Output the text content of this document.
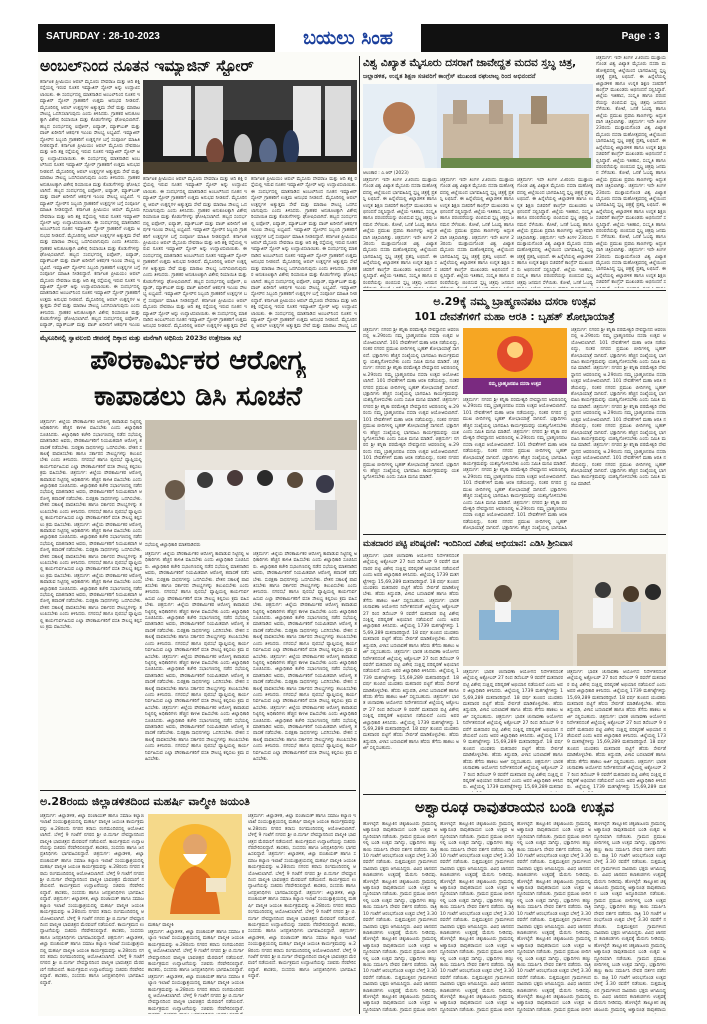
SATURDAY : 28-10-2023	ಬಯಲು ಸಿಂಹ	Page : 3
ಅಂಬಲ್‌ನಿಂದ ನೂತನ ಇಮ್ಯಾಜಿನ್ ಸ್ಟೋರ್
ಕರ್ನಾಟಕ ಪ್ರೀಮಿಯಂ ಆಪಲ್ ಮೈಸೂರು ದೇವರಾಜ ಮತ್ತು ಆದಿ ಶಕ್ತಿ ರಸ್ತೆಯಲ್ಲಿ ಇರುವ ನೂತನ ಇಮ್ಯಾಜಿನ್ ಸ್ಟೋರ್ ಅನ್ನು ಉದ್ಘಾಟಿಸಲಾಯಿತು. ಈ ಸಂದರ್ಭದಲ್ಲಿ ಮಾತನಾಡಿದ ಅಂಬಲ್‌ನಿಂದ ನೂತನ ಇಮ್ಯಾಜಿನ್ ಸ್ಟೋರ್ ಗ್ರಾಹಕರಿಗೆ ಉತ್ತಮ ಅನುಭವ ನೀಡಲಿದೆ. ಮೈಸೂರಿನಲ್ಲಿ ಆಪಲ್ ಉತ್ಪನ್ನಗಳ ಅತ್ಯುತ್ತಮ ಸೇವೆ ಮತ್ತು ಮಾರಾಟ ಸೌಲಭ್ಯ ಒದಗಿಸಲಾಗುವುದು ಎಂದು ತಿಳಿಸಿದರು. ಗ್ರಾಹಕರ ಅನುಕೂಲಕ್ಕಾಗಿ ವಿಶೇಷ ರಿಯಾಯಿತಿ ಮತ್ತು ಕೊಡುಗೆಗಳನ್ನು ಘೋಷಿಸಲಾಗಿದೆ. ಹಬ್ಬದ ಸಂದರ್ಭದಲ್ಲಿ ಐಫೋನ್, ಐಪ್ಯಾಡ್, ಮ್ಯಾಕ್‌ಬುಕ್ ಮತ್ತು ವಾಚ್ ಖರೀದಿಗೆ ಆಕರ್ಷಕ ಇಎಂಐ ಸೌಲಭ್ಯ ಲಭ್ಯವಿದೆ. ಇಮ್ಯಾಜಿನ್ ಸ್ಟೋರ್‌ನ ಸಿಬ್ಬಂದಿ ಗ್ರಾಹಕರಿಗೆ ಉತ್ಪನ್ನಗಳ ಬಗ್ಗೆ ಸಂಪೂರ್ಣ ಮಾಹಿತಿ ನೀಡಲಿದ್ದಾರೆ. ಕರ್ನಾಟಕ ಪ್ರೀಮಿಯಂ ಆಪಲ್ ಮೈಸೂರು ದೇವರಾಜ ಮತ್ತು ಆದಿ ಶಕ್ತಿ ರಸ್ತೆಯಲ್ಲಿ ಇರುವ ನೂತನ ಇಮ್ಯಾಜಿನ್ ಸ್ಟೋರ್ ಅನ್ನು ಉದ್ಘಾಟಿಸಲಾಯಿತು. ಈ ಸಂದರ್ಭದಲ್ಲಿ ಮಾತನಾಡಿದ ಅಂಬಲ್‌ನಿಂದ ನೂತನ ಇಮ್ಯಾಜಿನ್ ಸ್ಟೋರ್ ಗ್ರಾಹಕರಿಗೆ ಉತ್ತಮ ಅನುಭವ ನೀಡಲಿದೆ. ಮೈಸೂರಿನಲ್ಲಿ ಆಪಲ್ ಉತ್ಪನ್ನಗಳ ಅತ್ಯುತ್ತಮ ಸೇವೆ ಮತ್ತು ಮಾರಾಟ ಸೌಲಭ್ಯ ಒದಗಿಸಲಾಗುವುದು ಎಂದು ತಿಳಿಸಿದರು. ಗ್ರಾಹಕರ ಅನುಕೂಲಕ್ಕಾಗಿ ವಿಶೇಷ ರಿಯಾಯಿತಿ ಮತ್ತು ಕೊಡುಗೆಗಳನ್ನು ಘೋಷಿಸಲಾಗಿದೆ. ಹಬ್ಬದ ಸಂದರ್ಭದಲ್ಲಿ ಐಫೋನ್, ಐಪ್ಯಾಡ್, ಮ್ಯಾಕ್‌ಬುಕ್ ಮತ್ತು ವಾಚ್ ಖರೀದಿಗೆ ಆಕರ್ಷಕ ಇಎಂಐ ಸೌಲಭ್ಯ ಲಭ್ಯವಿದೆ. ಇಮ್ಯಾಜಿನ್ ಸ್ಟೋರ್‌ನ ಸಿಬ್ಬಂದಿ ಗ್ರಾಹಕರಿಗೆ ಉತ್ಪನ್ನಗಳ ಬಗ್ಗೆ ಸಂಪೂರ್ಣ ಮಾಹಿತಿ ನೀಡಲಿದ್ದಾರೆ. ಕರ್ನಾಟಕ ಪ್ರೀಮಿಯಂ ಆಪಲ್ ಮೈಸೂರು ದೇವರಾಜ ಮತ್ತು ಆದಿ ಶಕ್ತಿ ರಸ್ತೆಯಲ್ಲಿ ಇರುವ ನೂತನ ಇಮ್ಯಾಜಿನ್ ಸ್ಟೋರ್ ಅನ್ನು ಉದ್ಘಾಟಿಸಲಾಯಿತು. ಈ ಸಂದರ್ಭದಲ್ಲಿ ಮಾತನಾಡಿದ ಅಂಬಲ್‌ನಿಂದ ನೂತನ ಇಮ್ಯಾಜಿನ್ ಸ್ಟೋರ್ ಗ್ರಾಹಕರಿಗೆ ಉತ್ತಮ ಅನುಭವ ನೀಡಲಿದೆ. ಮೈಸೂರಿನಲ್ಲಿ ಆಪಲ್ ಉತ್ಪನ್ನಗಳ ಅತ್ಯುತ್ತಮ ಸೇವೆ ಮತ್ತು ಮಾರಾಟ ಸೌಲಭ್ಯ ಒದಗಿಸಲಾಗುವುದು ಎಂದು ತಿಳಿಸಿದರು. ಗ್ರಾಹಕರ ಅನುಕೂಲಕ್ಕಾಗಿ ವಿಶೇಷ ರಿಯಾಯಿತಿ ಮತ್ತು ಕೊಡುಗೆಗಳನ್ನು ಘೋಷಿಸಲಾಗಿದೆ. ಹಬ್ಬದ ಸಂದರ್ಭದಲ್ಲಿ ಐಫೋನ್, ಐಪ್ಯಾಡ್, ಮ್ಯಾಕ್‌ಬುಕ್ ಮತ್ತು ವಾಚ್ ಖರೀದಿಗೆ ಆಕರ್ಷಕ ಇಎಂಐ ಸೌಲಭ್ಯ ಲಭ್ಯವಿದೆ. ಇಮ್ಯಾಜಿನ್ ಸ್ಟೋರ್‌ನ ಸಿಬ್ಬಂದಿ ಗ್ರಾಹಕರಿಗೆ ಉತ್ಪನ್ನಗಳ ಬಗ್ಗೆ ಸಂಪೂರ್ಣ ಮಾಹಿತಿ ನೀಡಲಿದ್ದಾರೆ. ಕರ್ನಾಟಕ ಪ್ರೀಮಿಯಂ ಆಪಲ್ ಮೈಸೂರು ದೇವರಾಜ ಮತ್ತು ಆದಿ ಶಕ್ತಿ ರಸ್ತೆಯಲ್ಲಿ ಇರುವ ನೂತನ ಇಮ್ಯಾಜಿನ್ ಸ್ಟೋರ್ ಅನ್ನು ಉದ್ಘಾಟಿಸಲಾಯಿತು. ಈ ಸಂದರ್ಭದಲ್ಲಿ ಮಾತನಾಡಿದ ಅಂಬಲ್‌ನಿಂದ ನೂತನ ಇಮ್ಯಾಜಿನ್ ಸ್ಟೋರ್ ಗ್ರಾಹಕರಿಗೆ ಉತ್ತಮ ಅನುಭವ ನೀಡಲಿದೆ. ಮೈಸೂರಿನಲ್ಲಿ ಆಪಲ್ ಉತ್ಪನ್ನಗಳ ಅತ್ಯುತ್ತಮ ಸೇವೆ ಮತ್ತು ಮಾರಾಟ ಸೌಲಭ್ಯ ಒದಗಿಸಲಾಗುವುದು ಎಂದು ತಿಳಿಸಿದರು. ಗ್ರಾಹಕರ ಅನುಕೂಲಕ್ಕಾಗಿ ವಿಶೇಷ ರಿಯಾಯಿತಿ ಮತ್ತು ಕೊಡುಗೆಗಳನ್ನು ಘೋಷಿಸಲಾಗಿದೆ. ಹಬ್ಬದ ಸಂದರ್ಭದಲ್ಲಿ ಐಫೋನ್, ಐಪ್ಯಾಡ್, ಮ್ಯಾಕ್‌ಬುಕ್ ಮತ್ತು ವಾಚ್ ಖರೀದಿಗೆ ಆಕರ್ಷಕ ಇಎಂಐ
ಕರ್ನಾಟಕ ಪ್ರೀಮಿಯಂ ಆಪಲ್ ಮೈಸೂರು ದೇವರಾಜ ಮತ್ತು ಆದಿ ಶಕ್ತಿ ರಸ್ತೆಯಲ್ಲಿ ಇರುವ ನೂತನ ಇಮ್ಯಾಜಿನ್ ಸ್ಟೋರ್ ಅನ್ನು ಉದ್ಘಾಟಿಸಲಾಯಿತು. ಈ ಸಂದರ್ಭದಲ್ಲಿ ಮಾತನಾಡಿದ ಅಂಬಲ್‌ನಿಂದ ನೂತನ ಇಮ್ಯಾಜಿನ್ ಸ್ಟೋರ್ ಗ್ರಾಹಕರಿಗೆ ಉತ್ತಮ ಅನುಭವ ನೀಡಲಿದೆ. ಮೈಸೂರಿನಲ್ಲಿ ಆಪಲ್ ಉತ್ಪನ್ನಗಳ ಅತ್ಯುತ್ತಮ ಸೇವೆ ಮತ್ತು ಮಾರಾಟ ಸೌಲಭ್ಯ ಒದಗಿಸಲಾಗುವುದು ಎಂದು ತಿಳಿಸಿದರು. ಗ್ರಾಹಕರ ಅನುಕೂಲಕ್ಕಾಗಿ ವಿಶೇಷ ರಿಯಾಯಿತಿ ಮತ್ತು ಕೊಡುಗೆಗಳನ್ನು ಘೋಷಿಸಲಾಗಿದೆ. ಹಬ್ಬದ ಸಂದರ್ಭದಲ್ಲಿ ಐಫೋನ್, ಐಪ್ಯಾಡ್, ಮ್ಯಾಕ್‌ಬುಕ್ ಮತ್ತು ವಾಚ್ ಖರೀದಿಗೆ ಆಕರ್ಷಕ ಇಎಂಐ ಸೌಲಭ್ಯ ಲಭ್ಯವಿದೆ. ಇಮ್ಯಾಜಿನ್ ಸ್ಟೋರ್‌ನ ಸಿಬ್ಬಂದಿ ಗ್ರಾಹಕರಿಗೆ ಉತ್ಪನ್ನಗಳ ಬಗ್ಗೆ ಸಂಪೂರ್ಣ ಮಾಹಿತಿ ನೀಡಲಿದ್ದಾರೆ. ಕರ್ನಾಟಕ ಪ್ರೀಮಿಯಂ ಆಪಲ್ ಮೈಸೂರು ದೇವರಾಜ ಮತ್ತು ಆದಿ ಶಕ್ತಿ ರಸ್ತೆಯಲ್ಲಿ ಇರುವ ನೂತನ ಇಮ್ಯಾಜಿನ್ ಸ್ಟೋರ್ ಅನ್ನು ಉದ್ಘಾಟಿಸಲಾಯಿತು. ಈ ಸಂದರ್ಭದಲ್ಲಿ ಮಾತನಾಡಿದ ಅಂಬಲ್‌ನಿಂದ ನೂತನ ಇಮ್ಯಾಜಿನ್ ಸ್ಟೋರ್ ಗ್ರಾಹಕರಿಗೆ ಉತ್ತಮ ಅನುಭವ ನೀಡಲಿದೆ. ಮೈಸೂರಿನಲ್ಲಿ ಆಪಲ್ ಉತ್ಪನ್ನಗಳ ಅತ್ಯುತ್ತಮ ಸೇವೆ ಮತ್ತು ಮಾರಾಟ ಸೌಲಭ್ಯ ಒದಗಿಸಲಾಗುವುದು ಎಂದು ತಿಳಿಸಿದರು. ಗ್ರಾಹಕರ ಅನುಕೂಲಕ್ಕಾಗಿ ವಿಶೇಷ ರಿಯಾಯಿತಿ ಮತ್ತು ಕೊಡುಗೆಗಳನ್ನು ಘೋಷಿಸಲಾಗಿದೆ. ಹಬ್ಬದ ಸಂದರ್ಭದಲ್ಲಿ ಐಫೋನ್, ಐಪ್ಯಾಡ್, ಮ್ಯಾಕ್‌ಬುಕ್ ಮತ್ತು ವಾಚ್ ಖರೀದಿಗೆ ಆಕರ್ಷಕ ಇಎಂಐ ಸೌಲಭ್ಯ ಲಭ್ಯವಿದೆ. ಇಮ್ಯಾಜಿನ್ ಸ್ಟೋರ್‌ನ ಸಿಬ್ಬಂದಿ ಗ್ರಾಹಕರಿಗೆ ಉತ್ಪನ್ನಗಳ ಬಗ್ಗೆ ಸಂಪೂರ್ಣ ಮಾಹಿತಿ ನೀಡಲಿದ್ದಾರೆ. ಕರ್ನಾಟಕ ಪ್ರೀಮಿಯಂ ಆಪಲ್ ಮೈಸೂರು ದೇವರಾಜ ಮತ್ತು ಆದಿ ಶಕ್ತಿ ರಸ್ತೆಯಲ್ಲಿ ಇರುವ ನೂತನ ಇಮ್ಯಾಜಿನ್ ಸ್ಟೋರ್ ಅನ್ನು ಉದ್ಘಾಟಿಸಲಾಯಿತು. ಈ ಸಂದರ್ಭದಲ್ಲಿ ಮಾತನಾಡಿದ ಅಂಬಲ್‌ನಿಂದ ನೂತನ ಇಮ್ಯಾಜಿನ್ ಸ್ಟೋರ್ ಗ್ರಾಹಕರಿಗೆ ಉತ್ತಮ ಅನುಭವ ನೀಡಲಿದೆ. ಮೈಸೂರಿನಲ್ಲಿ ಆಪಲ್ ಉತ್ಪನ್ನಗಳ ಅತ್ಯುತ್ತಮ ಸೇವೆ
ಕರ್ನಾಟಕ ಪ್ರೀಮಿಯಂ ಆಪಲ್ ಮೈಸೂರು ದೇವರಾಜ ಮತ್ತು ಆದಿ ಶಕ್ತಿ ರಸ್ತೆಯಲ್ಲಿ ಇರುವ ನೂತನ ಇಮ್ಯಾಜಿನ್ ಸ್ಟೋರ್ ಅನ್ನು ಉದ್ಘಾಟಿಸಲಾಯಿತು. ಈ ಸಂದರ್ಭದಲ್ಲಿ ಮಾತನಾಡಿದ ಅಂಬಲ್‌ನಿಂದ ನೂತನ ಇಮ್ಯಾಜಿನ್ ಸ್ಟೋರ್ ಗ್ರಾಹಕರಿಗೆ ಉತ್ತಮ ಅನುಭವ ನೀಡಲಿದೆ. ಮೈಸೂರಿನಲ್ಲಿ ಆಪಲ್ ಉತ್ಪನ್ನಗಳ ಅತ್ಯುತ್ತಮ ಸೇವೆ ಮತ್ತು ಮಾರಾಟ ಸೌಲಭ್ಯ ಒದಗಿಸಲಾಗುವುದು ಎಂದು ತಿಳಿಸಿದರು. ಗ್ರಾಹಕರ ಅನುಕೂಲಕ್ಕಾಗಿ ವಿಶೇಷ ರಿಯಾಯಿತಿ ಮತ್ತು ಕೊಡುಗೆಗಳನ್ನು ಘೋಷಿಸಲಾಗಿದೆ. ಹಬ್ಬದ ಸಂದರ್ಭದಲ್ಲಿ ಐಫೋನ್, ಐಪ್ಯಾಡ್, ಮ್ಯಾಕ್‌ಬುಕ್ ಮತ್ತು ವಾಚ್ ಖರೀದಿಗೆ ಆಕರ್ಷಕ ಇಎಂಐ ಸೌಲಭ್ಯ ಲಭ್ಯವಿದೆ. ಇಮ್ಯಾಜಿನ್ ಸ್ಟೋರ್‌ನ ಸಿಬ್ಬಂದಿ ಗ್ರಾಹಕರಿಗೆ ಉತ್ಪನ್ನಗಳ ಬಗ್ಗೆ ಸಂಪೂರ್ಣ ಮಾಹಿತಿ ನೀಡಲಿದ್ದಾರೆ. ಕರ್ನಾಟಕ ಪ್ರೀಮಿಯಂ ಆಪಲ್ ಮೈಸೂರು ದೇವರಾಜ ಮತ್ತು ಆದಿ ಶಕ್ತಿ ರಸ್ತೆಯಲ್ಲಿ ಇರುವ ನೂತನ ಇಮ್ಯಾಜಿನ್ ಸ್ಟೋರ್ ಅನ್ನು ಉದ್ಘಾಟಿಸಲಾಯಿತು. ಈ ಸಂದರ್ಭದಲ್ಲಿ ಮಾತನಾಡಿದ ಅಂಬಲ್‌ನಿಂದ ನೂತನ ಇಮ್ಯಾಜಿನ್ ಸ್ಟೋರ್ ಗ್ರಾಹಕರಿಗೆ ಉತ್ತಮ ಅನುಭವ ನೀಡಲಿದೆ. ಮೈಸೂರಿನಲ್ಲಿ ಆಪಲ್ ಉತ್ಪನ್ನಗಳ ಅತ್ಯುತ್ತಮ ಸೇವೆ ಮತ್ತು ಮಾರಾಟ ಸೌಲಭ್ಯ ಒದಗಿಸಲಾಗುವುದು ಎಂದು ತಿಳಿಸಿದರು. ಗ್ರಾಹಕರ ಅನುಕೂಲಕ್ಕಾಗಿ ವಿಶೇಷ ರಿಯಾಯಿತಿ ಮತ್ತು ಕೊಡುಗೆಗಳನ್ನು ಘೋಷಿಸಲಾಗಿದೆ. ಹಬ್ಬದ ಸಂದರ್ಭದಲ್ಲಿ ಐಫೋನ್, ಐಪ್ಯಾಡ್, ಮ್ಯಾಕ್‌ಬುಕ್ ಮತ್ತು ವಾಚ್ ಖರೀದಿಗೆ ಆಕರ್ಷಕ ಇಎಂಐ ಸೌಲಭ್ಯ ಲಭ್ಯವಿದೆ. ಇಮ್ಯಾಜಿನ್ ಸ್ಟೋರ್‌ನ ಸಿಬ್ಬಂದಿ ಗ್ರಾಹಕರಿಗೆ ಉತ್ಪನ್ನಗಳ ಬಗ್ಗೆ ಸಂಪೂರ್ಣ ಮಾಹಿತಿ ನೀಡಲಿದ್ದಾರೆ. ಕರ್ನಾಟಕ ಪ್ರೀಮಿಯಂ ಆಪಲ್ ಮೈಸೂರು ದೇವರಾಜ ಮತ್ತು ಆದಿ ಶಕ್ತಿ ರಸ್ತೆಯಲ್ಲಿ ಇರುವ ನೂತನ ಇಮ್ಯಾಜಿನ್ ಸ್ಟೋರ್ ಅನ್ನು ಉದ್ಘಾಟಿಸಲಾಯಿತು. ಈ ಸಂದರ್ಭದಲ್ಲಿ ಮಾತನಾಡಿದ ಅಂಬಲ್‌ನಿಂದ ನೂತನ ಇಮ್ಯಾಜಿನ್ ಸ್ಟೋರ್ ಗ್ರಾಹಕರಿಗೆ ಉತ್ತಮ ಅನುಭವ ನೀಡಲಿದೆ. ಮೈಸೂರಿನಲ್ಲಿ ಆಪಲ್ ಉತ್ಪನ್ನಗಳ ಅತ್ಯುತ್ತಮ ಸೇವೆ ಮತ್ತು ಮಾರಾಟ ಸೌಲಭ್ಯ ಒದ
ಮೈಸೂರಿನಲ್ಲಿ ಸ್ವಾವಲಂಬಿ ಜೀವನಕ್ಕೆ ದಿಕ್ಕಾದ ಮತ್ತು ಮನೆಗಾಗಿ ಅಧಿನಿಯ 2023ರ ಉತ್ತೇಜನಾ ಸಭೆ
ಪೌರಕಾರ್ಮಿಕರ ಆರೋಗ್ಯ
ಕಾಪಾಡಲು ಡಿಸಿ ಸೂಚನೆ
ಚಿತ್ರದುರ್ಗ: ಜಿಲ್ಲೆಯ ಪೌರಕಾರ್ಮಿಕರ ಆರೋಗ್ಯ ಕಾಪಾಡುವ ನಿಟ್ಟಿನಲ್ಲಿ ಅಧಿಕಾರಿಗಳು ಹೆಚ್ಚಿನ ಕಾಳಜಿ ವಹಿಸಬೇಕು ಎಂದು ಜಿಲ್ಲಾಧಿಕಾರಿ ಸೂಚಿಸಿದರು. ಜಿಲ್ಲಾಧಿಕಾರಿ ಕಚೇರಿ ಸಭಾಂಗಣದಲ್ಲಿ ನಡೆದ ಸಭೆಯಲ್ಲಿ ಮಾತನಾಡಿದ ಅವರು, ಪೌರಕಾರ್ಮಿಕರಿಗೆ ನಿಯಮಿತವಾಗಿ ಆರೋಗ್ಯ ತಪಾಸಣೆ ನಡೆಸಬೇಕು. ಸುರಕ್ಷತಾ ಸಾಧನಗಳನ್ನು ಒದಗಿಸಬೇಕು. ವೇತನ ಸಕಾಲಕ್ಕೆ ಪಾವತಿಸಬೇಕು ಹಾಗೂ ಸರ್ಕಾರದ ಸೌಲಭ್ಯಗಳನ್ನು ತಲುಪಿಸಬೇಕು ಎಂದು ತಿಳಿಸಿದರು. ನಗರಸಭೆ ಹಾಗೂ ಪುರಸಭೆ ವ್ಯಾಪ್ತಿಯಲ್ಲಿ ಕಾರ್ಯನಿರ್ವಹಿಸುವ ಎಲ್ಲಾ ಪೌರಕಾರ್ಮಿಕರಿಗೆ ವಸತಿ ಸೌಲಭ್ಯ ಕಲ್ಪಿಸಲು ಕ್ರಮ ವಹಿಸಬೇಕು. ಚಿತ್ರದುರ್ಗ: ಜಿಲ್ಲೆಯ ಪೌರಕಾರ್ಮಿಕರ ಆರೋಗ್ಯ ಕಾಪಾಡುವ ನಿಟ್ಟಿನಲ್ಲಿ ಅಧಿಕಾರಿಗಳು ಹೆಚ್ಚಿನ ಕಾಳಜಿ ವಹಿಸಬೇಕು ಎಂದು ಜಿಲ್ಲಾಧಿಕಾರಿ ಸೂಚಿಸಿದರು. ಜಿಲ್ಲಾಧಿಕಾರಿ ಕಚೇರಿ ಸಭಾಂಗಣದಲ್ಲಿ ನಡೆದ ಸಭೆಯಲ್ಲಿ ಮಾತನಾಡಿದ ಅವರು, ಪೌರಕಾರ್ಮಿಕರಿಗೆ ನಿಯಮಿತವಾಗಿ ಆರೋಗ್ಯ ತಪಾಸಣೆ ನಡೆಸಬೇಕು. ಸುರಕ್ಷತಾ ಸಾಧನಗಳನ್ನು ಒದಗಿಸಬೇಕು. ವೇತನ ಸಕಾಲಕ್ಕೆ ಪಾವತಿಸಬೇಕು ಹಾಗೂ ಸರ್ಕಾರದ ಸೌಲಭ್ಯಗಳನ್ನು ತಲುಪಿಸಬೇಕು ಎಂದು ತಿಳಿಸಿದರು. ನಗರಸಭೆ ಹಾಗೂ ಪುರಸಭೆ ವ್ಯಾಪ್ತಿಯಲ್ಲಿ ಕಾರ್ಯನಿರ್ವಹಿಸುವ ಎಲ್ಲಾ ಪೌರಕಾರ್ಮಿಕರಿಗೆ ವಸತಿ ಸೌಲಭ್ಯ ಕಲ್ಪಿಸಲು ಕ್ರಮ ವಹಿಸಬೇಕು. ಚಿತ್ರದುರ್ಗ: ಜಿಲ್ಲೆಯ ಪೌರಕಾರ್ಮಿಕರ ಆರೋಗ್ಯ ಕಾಪಾಡುವ ನಿಟ್ಟಿನಲ್ಲಿ ಅಧಿಕಾರಿಗಳು ಹೆಚ್ಚಿನ ಕಾಳಜಿ ವಹಿಸಬೇಕು ಎಂದು ಜಿಲ್ಲಾಧಿಕಾರಿ ಸೂಚಿಸಿದರು. ಜಿಲ್ಲಾಧಿಕಾರಿ ಕಚೇರಿ ಸಭಾಂಗಣದಲ್ಲಿ ನಡೆದ ಸಭೆಯಲ್ಲಿ ಮಾತನಾಡಿದ ಅವರು, ಪೌರಕಾರ್ಮಿಕರಿಗೆ ನಿಯಮಿತವಾಗಿ ಆರೋಗ್ಯ ತಪಾಸಣೆ ನಡೆಸಬೇಕು. ಸುರಕ್ಷತಾ ಸಾಧನಗಳನ್ನು ಒದಗಿಸಬೇಕು. ವೇತನ ಸಕಾಲಕ್ಕೆ ಪಾವತಿಸಬೇಕು ಹಾಗೂ ಸರ್ಕಾರದ ಸೌಲಭ್ಯಗಳನ್ನು ತಲುಪಿಸಬೇಕು ಎಂದು ತಿಳಿಸಿದರು. ನಗರಸಭೆ ಹಾಗೂ ಪುರಸಭೆ ವ್ಯಾಪ್ತಿಯಲ್ಲಿ ಕಾರ್ಯನಿರ್ವಹಿಸುವ ಎಲ್ಲಾ ಪೌರಕಾರ್ಮಿಕರಿಗೆ ವಸತಿ ಸೌಲಭ್ಯ ಕಲ್ಪಿಸಲು ಕ್ರಮ ವಹಿಸಬೇಕು. ಚಿತ್ರದುರ್ಗ: ಜಿಲ್ಲೆಯ ಪೌರಕಾರ್ಮಿಕರ ಆರೋಗ್ಯ ಕಾಪಾಡುವ ನಿಟ್ಟಿನಲ್ಲಿ ಅಧಿಕಾರಿಗಳು ಹೆಚ್ಚಿನ ಕಾಳಜಿ ವಹಿಸಬೇಕು ಎಂದು ಜಿಲ್ಲಾಧಿಕಾರಿ ಸೂಚಿಸಿದರು. ಜಿಲ್ಲಾಧಿಕಾರಿ ಕಚೇರಿ ಸಭಾಂಗಣದಲ್ಲಿ ನಡೆದ ಸಭೆಯಲ್ಲಿ ಮಾತನಾಡಿದ ಅವರು, ಪೌರಕಾರ್ಮಿಕರಿಗೆ ನಿಯಮಿತವಾಗಿ ಆರೋಗ್ಯ ತಪಾಸಣೆ ನಡೆಸಬೇಕು. ಸುರಕ್ಷತಾ ಸಾಧನಗಳನ್ನು ಒದಗಿಸಬೇಕು. ವೇತನ ಸಕಾಲಕ್ಕೆ ಪಾವತಿಸಬೇಕು ಹಾಗೂ ಸರ್ಕಾರದ ಸೌಲಭ್ಯಗಳನ್ನು ತಲುಪಿಸಬೇಕು ಎಂದು ತಿಳಿಸಿದರು. ನಗರಸಭೆ ಹಾಗೂ ಪುರಸಭೆ ವ್ಯಾಪ್ತಿಯಲ್ಲಿ ಕಾರ್ಯನಿರ್ವಹಿಸುವ ಎಲ್ಲಾ ಪೌರಕಾರ್ಮಿಕರಿಗೆ ವಸತಿ ಸೌಲಭ್ಯ ಕಲ್ಪಿಸಲು ಕ್ರಮ ವಹಿಸಬೇಕು.
ಸಭೆಯಲ್ಲಿ ಜಿಲ್ಲಾಧಿಕಾರಿ ಮಾತನಾಡಿದರು
ಚಿತ್ರದುರ್ಗ: ಜಿಲ್ಲೆಯ ಪೌರಕಾರ್ಮಿಕರ ಆರೋಗ್ಯ ಕಾಪಾಡುವ ನಿಟ್ಟಿನಲ್ಲಿ ಅಧಿಕಾರಿಗಳು ಹೆಚ್ಚಿನ ಕಾಳಜಿ ವಹಿಸಬೇಕು ಎಂದು ಜಿಲ್ಲಾಧಿಕಾರಿ ಸೂಚಿಸಿದರು. ಜಿಲ್ಲಾಧಿಕಾರಿ ಕಚೇರಿ ಸಭಾಂಗಣದಲ್ಲಿ ನಡೆದ ಸಭೆಯಲ್ಲಿ ಮಾತನಾಡಿದ ಅವರು, ಪೌರಕಾರ್ಮಿಕರಿಗೆ ನಿಯಮಿತವಾಗಿ ಆರೋಗ್ಯ ತಪಾಸಣೆ ನಡೆಸಬೇಕು. ಸುರಕ್ಷತಾ ಸಾಧನಗಳನ್ನು ಒದಗಿಸಬೇಕು. ವೇತನ ಸಕಾಲಕ್ಕೆ ಪಾವತಿಸಬೇಕು ಹಾಗೂ ಸರ್ಕಾರದ ಸೌಲಭ್ಯಗಳನ್ನು ತಲುಪಿಸಬೇಕು ಎಂದು ತಿಳಿಸಿದರು. ನಗರಸಭೆ ಹಾಗೂ ಪುರಸಭೆ ವ್ಯಾಪ್ತಿಯಲ್ಲಿ ಕಾರ್ಯನಿರ್ವಹಿಸುವ ಎಲ್ಲಾ ಪೌರಕಾರ್ಮಿಕರಿಗೆ ವಸತಿ ಸೌಲಭ್ಯ ಕಲ್ಪಿಸಲು ಕ್ರಮ ವಹಿಸಬೇಕು. ಚಿತ್ರದುರ್ಗ: ಜಿಲ್ಲೆಯ ಪೌರಕಾರ್ಮಿಕರ ಆರೋಗ್ಯ ಕಾಪಾಡುವ ನಿಟ್ಟಿನಲ್ಲಿ ಅಧಿಕಾರಿಗಳು ಹೆಚ್ಚಿನ ಕಾಳಜಿ ವಹಿಸಬೇಕು ಎಂದು ಜಿಲ್ಲಾಧಿಕಾರಿ ಸೂಚಿಸಿದರು. ಜಿಲ್ಲಾಧಿಕಾರಿ ಕಚೇರಿ ಸಭಾಂಗಣದಲ್ಲಿ ನಡೆದ ಸಭೆಯಲ್ಲಿ ಮಾತನಾಡಿದ ಅವರು, ಪೌರಕಾರ್ಮಿಕರಿಗೆ ನಿಯಮಿತವಾಗಿ ಆರೋಗ್ಯ ತಪಾಸಣೆ ನಡೆಸಬೇಕು. ಸುರಕ್ಷತಾ ಸಾಧನಗಳನ್ನು ಒದಗಿಸಬೇಕು. ವೇತನ ಸಕಾಲಕ್ಕೆ ಪಾವತಿಸಬೇಕು ಹಾಗೂ ಸರ್ಕಾರದ ಸೌಲಭ್ಯಗಳನ್ನು ತಲುಪಿಸಬೇಕು ಎಂದು ತಿಳಿಸಿದರು. ನಗರಸಭೆ ಹಾಗೂ ಪುರಸಭೆ ವ್ಯಾಪ್ತಿಯಲ್ಲಿ ಕಾರ್ಯನಿರ್ವಹಿಸುವ ಎಲ್ಲಾ ಪೌರಕಾರ್ಮಿಕರಿಗೆ ವಸತಿ ಸೌಲಭ್ಯ ಕಲ್ಪಿಸಲು ಕ್ರಮ ವಹಿಸಬೇಕು. ಚಿತ್ರದುರ್ಗ: ಜಿಲ್ಲೆಯ ಪೌರಕಾರ್ಮಿಕರ ಆರೋಗ್ಯ ಕಾಪಾಡುವ ನಿಟ್ಟಿನಲ್ಲಿ ಅಧಿಕಾರಿಗಳು ಹೆಚ್ಚಿನ ಕಾಳಜಿ ವಹಿಸಬೇಕು ಎಂದು ಜಿಲ್ಲಾಧಿಕಾರಿ ಸೂಚಿಸಿದರು. ಜಿಲ್ಲಾಧಿಕಾರಿ ಕಚೇರಿ ಸಭಾಂಗಣದಲ್ಲಿ ನಡೆದ ಸಭೆಯಲ್ಲಿ ಮಾತನಾಡಿದ ಅವರು, ಪೌರಕಾರ್ಮಿಕರಿಗೆ ನಿಯಮಿತವಾಗಿ ಆರೋಗ್ಯ ತಪಾಸಣೆ ನಡೆಸಬೇಕು. ಸುರಕ್ಷತಾ ಸಾಧನಗಳನ್ನು ಒದಗಿಸಬೇಕು. ವೇತನ ಸಕಾಲಕ್ಕೆ ಪಾವತಿಸಬೇಕು ಹಾಗೂ ಸರ್ಕಾರದ ಸೌಲಭ್ಯಗಳನ್ನು ತಲುಪಿಸಬೇಕು ಎಂದು ತಿಳಿಸಿದರು. ನಗರಸಭೆ ಹಾಗೂ ಪುರಸಭೆ ವ್ಯಾಪ್ತಿಯಲ್ಲಿ ಕಾರ್ಯನಿರ್ವಹಿಸುವ ಎಲ್ಲಾ ಪೌರಕಾರ್ಮಿಕರಿಗೆ ವಸತಿ ಸೌಲಭ್ಯ ಕಲ್ಪಿಸಲು ಕ್ರಮ ವಹಿಸಬೇಕು. ಚಿತ್ರದುರ್ಗ: ಜಿಲ್ಲೆಯ ಪೌರಕಾರ್ಮಿಕರ ಆರೋಗ್ಯ ಕಾಪಾಡುವ ನಿಟ್ಟಿನಲ್ಲಿ ಅಧಿಕಾರಿಗಳು ಹೆಚ್ಚಿನ ಕಾಳಜಿ ವಹಿಸಬೇಕು ಎಂದು ಜಿಲ್ಲಾಧಿಕಾರಿ ಸೂಚಿಸಿದರು. ಜಿಲ್ಲಾಧಿಕಾರಿ ಕಚೇರಿ ಸಭಾಂಗಣದಲ್ಲಿ ನಡೆದ ಸಭೆಯಲ್ಲಿ ಮಾತನಾಡಿದ ಅವರು, ಪೌರಕಾರ್ಮಿಕರಿಗೆ ನಿಯಮಿತವಾಗಿ ಆರೋಗ್ಯ ತಪಾಸಣೆ ನಡೆಸಬೇಕು. ಸುರಕ್ಷತಾ ಸಾಧನಗಳನ್ನು ಒದಗಿಸಬೇಕು. ವೇತನ ಸಕಾಲಕ್ಕೆ ಪಾವತಿಸಬೇಕು ಹಾಗೂ ಸರ್ಕಾರದ ಸೌಲಭ್ಯಗಳನ್ನು ತಲುಪಿಸಬೇಕು ಎಂದು ತಿಳಿಸಿದರು. ನಗರಸಭೆ ಹಾಗೂ ಪುರಸಭೆ ವ್ಯಾಪ್ತಿಯಲ್ಲಿ ಕಾರ್ಯನಿರ್ವಹಿಸುವ ಎಲ್ಲಾ ಪೌರಕಾರ್ಮಿಕರಿಗೆ ವಸತಿ ಸೌಲಭ್ಯ ಕಲ್ಪಿಸಲು ಕ್ರಮ ವಹಿಸಬೇಕು.
ಚಿತ್ರದುರ್ಗ: ಜಿಲ್ಲೆಯ ಪೌರಕಾರ್ಮಿಕರ ಆರೋಗ್ಯ ಕಾಪಾಡುವ ನಿಟ್ಟಿನಲ್ಲಿ ಅಧಿಕಾರಿಗಳು ಹೆಚ್ಚಿನ ಕಾಳಜಿ ವಹಿಸಬೇಕು ಎಂದು ಜಿಲ್ಲಾಧಿಕಾರಿ ಸೂಚಿಸಿದರು. ಜಿಲ್ಲಾಧಿಕಾರಿ ಕಚೇರಿ ಸಭಾಂಗಣದಲ್ಲಿ ನಡೆದ ಸಭೆಯಲ್ಲಿ ಮಾತನಾಡಿದ ಅವರು, ಪೌರಕಾರ್ಮಿಕರಿಗೆ ನಿಯಮಿತವಾಗಿ ಆರೋಗ್ಯ ತಪಾಸಣೆ ನಡೆಸಬೇಕು. ಸುರಕ್ಷತಾ ಸಾಧನಗಳನ್ನು ಒದಗಿಸಬೇಕು. ವೇತನ ಸಕಾಲಕ್ಕೆ ಪಾವತಿಸಬೇಕು ಹಾಗೂ ಸರ್ಕಾರದ ಸೌಲಭ್ಯಗಳನ್ನು ತಲುಪಿಸಬೇಕು ಎಂದು ತಿಳಿಸಿದರು. ನಗರಸಭೆ ಹಾಗೂ ಪುರಸಭೆ ವ್ಯಾಪ್ತಿಯಲ್ಲಿ ಕಾರ್ಯನಿರ್ವಹಿಸುವ ಎಲ್ಲಾ ಪೌರಕಾರ್ಮಿಕರಿಗೆ ವಸತಿ ಸೌಲಭ್ಯ ಕಲ್ಪಿಸಲು ಕ್ರಮ ವಹಿಸಬೇಕು. ಚಿತ್ರದುರ್ಗ: ಜಿಲ್ಲೆಯ ಪೌರಕಾರ್ಮಿಕರ ಆರೋಗ್ಯ ಕಾಪಾಡುವ ನಿಟ್ಟಿನಲ್ಲಿ ಅಧಿಕಾರಿಗಳು ಹೆಚ್ಚಿನ ಕಾಳಜಿ ವಹಿಸಬೇಕು ಎಂದು ಜಿಲ್ಲಾಧಿಕಾರಿ ಸೂಚಿಸಿದರು. ಜಿಲ್ಲಾಧಿಕಾರಿ ಕಚೇರಿ ಸಭಾಂಗಣದಲ್ಲಿ ನಡೆದ ಸಭೆಯಲ್ಲಿ ಮಾತನಾಡಿದ ಅವರು, ಪೌರಕಾರ್ಮಿಕರಿಗೆ ನಿಯಮಿತವಾಗಿ ಆರೋಗ್ಯ ತಪಾಸಣೆ ನಡೆಸಬೇಕು. ಸುರಕ್ಷತಾ ಸಾಧನಗಳನ್ನು ಒದಗಿಸಬೇಕು. ವೇತನ ಸಕಾಲಕ್ಕೆ ಪಾವತಿಸಬೇಕು ಹಾಗೂ ಸರ್ಕಾರದ ಸೌಲಭ್ಯಗಳನ್ನು ತಲುಪಿಸಬೇಕು ಎಂದು ತಿಳಿಸಿದರು. ನಗರಸಭೆ ಹಾಗೂ ಪುರಸಭೆ ವ್ಯಾಪ್ತಿಯಲ್ಲಿ ಕಾರ್ಯನಿರ್ವಹಿಸುವ ಎಲ್ಲಾ ಪೌರಕಾರ್ಮಿಕರಿಗೆ ವಸತಿ ಸೌಲಭ್ಯ ಕಲ್ಪಿಸಲು ಕ್ರಮ ವಹಿಸಬೇಕು. ಚಿತ್ರದುರ್ಗ: ಜಿಲ್ಲೆಯ ಪೌರಕಾರ್ಮಿಕರ ಆರೋಗ್ಯ ಕಾಪಾಡುವ ನಿಟ್ಟಿನಲ್ಲಿ ಅಧಿಕಾರಿಗಳು ಹೆಚ್ಚಿನ ಕಾಳಜಿ ವಹಿಸಬೇಕು ಎಂದು ಜಿಲ್ಲಾಧಿಕಾರಿ ಸೂಚಿಸಿದರು. ಜಿಲ್ಲಾಧಿಕಾರಿ ಕಚೇರಿ ಸಭಾಂಗಣದಲ್ಲಿ ನಡೆದ ಸಭೆಯಲ್ಲಿ ಮಾತನಾಡಿದ ಅವರು, ಪೌರಕಾರ್ಮಿಕರಿಗೆ ನಿಯಮಿತವಾಗಿ ಆರೋಗ್ಯ ತಪಾಸಣೆ ನಡೆಸಬೇಕು. ಸುರಕ್ಷತಾ ಸಾಧನಗಳನ್ನು ಒದಗಿಸಬೇಕು. ವೇತನ ಸಕಾಲಕ್ಕೆ ಪಾವತಿಸಬೇಕು ಹಾಗೂ ಸರ್ಕಾರದ ಸೌಲಭ್ಯಗಳನ್ನು ತಲುಪಿಸಬೇಕು ಎಂದು ತಿಳಿಸಿದರು. ನಗರಸಭೆ ಹಾಗೂ ಪುರಸಭೆ ವ್ಯಾಪ್ತಿಯಲ್ಲಿ ಕಾರ್ಯನಿರ್ವಹಿಸುವ ಎಲ್ಲಾ ಪೌರಕಾರ್ಮಿಕರಿಗೆ ವಸತಿ ಸೌಲಭ್ಯ ಕಲ್ಪಿಸಲು ಕ್ರಮ ವಹಿಸಬೇಕು. ಚಿತ್ರದುರ್ಗ: ಜಿಲ್ಲೆಯ ಪೌರಕಾರ್ಮಿಕರ ಆರೋಗ್ಯ ಕಾಪಾಡುವ ನಿಟ್ಟಿನಲ್ಲಿ ಅಧಿಕಾರಿಗಳು ಹೆಚ್ಚಿನ ಕಾಳಜಿ ವಹಿಸಬೇಕು ಎಂದು ಜಿಲ್ಲಾಧಿಕಾರಿ ಸೂಚಿಸಿದರು. ಜಿಲ್ಲಾಧಿಕಾರಿ ಕಚೇರಿ ಸಭಾಂಗಣದಲ್ಲಿ ನಡೆದ ಸಭೆಯಲ್ಲಿ ಮಾತನಾಡಿದ ಅವರು, ಪೌರಕಾರ್ಮಿಕರಿಗೆ ನಿಯಮಿತವಾಗಿ ಆರೋಗ್ಯ ತಪಾಸಣೆ ನಡೆಸಬೇಕು. ಸುರಕ್ಷತಾ ಸಾಧನಗಳನ್ನು ಒದಗಿಸಬೇಕು. ವೇತನ ಸಕಾಲಕ್ಕೆ ಪಾವತಿಸಬೇಕು ಹಾಗೂ ಸರ್ಕಾರದ ಸೌಲಭ್ಯಗಳನ್ನು ತಲುಪಿಸಬೇಕು ಎಂದು ತಿಳಿಸಿದರು. ನಗರಸಭೆ ಹಾಗೂ ಪುರಸಭೆ ವ್ಯಾಪ್ತಿಯಲ್ಲಿ ಕಾರ್ಯನಿರ್ವಹಿಸುವ ಎಲ್ಲಾ ಪೌರಕಾರ್ಮಿಕರಿಗೆ ವಸತಿ ಸೌಲಭ್ಯ ಕಲ್ಪಿಸಲು ಕ್ರಮ ವಹಿಸಬೇಕು.
ಅ.28ರಂದು ಜಿಲ್ಲಾಡಳಿತದಿಂದ ಮಹರ್ಷಿ ವಾಲ್ಮೀಕಿ ಜಯಂತಿ
ಚಿತ್ರದುರ್ಗ: ಜಿಲ್ಲಾಡಳಿತ, ಜಿಲ್ಲಾ ಪಂಚಾಯತ್ ಹಾಗೂ ಸಮಾಜ ಕಲ್ಯಾಣ ಇಲಾಖೆ ಸಂಯುಕ್ತಾಶ್ರಯದಲ್ಲಿ ಮಹರ್ಷಿ ವಾಲ್ಮೀಕಿ ಜಯಂತಿ ಕಾರ್ಯಕ್ರಮವನ್ನು ಅ.28ರಂದು ನಗರದ ತರಾಸು ರಂಗಮಂದಿರದಲ್ಲಿ ಆಯೋಜಿಸಲಾಗಿದೆ. ಬೆಳಿಗ್ಗೆ 9 ಗಂಟೆಗೆ ನಗರದ ಶ್ರೀ ಬಿ.ದುರ್ಗಾ ದೇವಸ್ಥಾನದಿಂದ ವಾಲ್ಮೀಕಿ ಭಾವಚಿತ್ರದ ಮೆರವಣಿಗೆ ನಡೆಯಲಿದೆ. ಕಾರ್ಯಕ್ರಮದ ಉದ್ಘಾಟನೆಯನ್ನು ಸಚಿವರು ನೆರವೇರಿಸಲಿದ್ದಾರೆ. ಶಾಸಕರು, ಸಂಸದರು ಹಾಗೂ ಜನಪ್ರತಿನಿಧಿಗಳು ಭಾಗವಹಿಸಲಿದ್ದಾರೆ. ಚಿತ್ರದುರ್ಗ: ಜಿಲ್ಲಾಡಳಿತ, ಜಿಲ್ಲಾ ಪಂಚಾಯತ್ ಹಾಗೂ ಸಮಾಜ ಕಲ್ಯಾಣ ಇಲಾಖೆ ಸಂಯುಕ್ತಾಶ್ರಯದಲ್ಲಿ ಮಹರ್ಷಿ ವಾಲ್ಮೀಕಿ ಜಯಂತಿ ಕಾರ್ಯಕ್ರಮವನ್ನು ಅ.28ರಂದು ನಗರದ ತರಾಸು ರಂಗಮಂದಿರದಲ್ಲಿ ಆಯೋಜಿಸಲಾಗಿದೆ. ಬೆಳಿಗ್ಗೆ 9 ಗಂಟೆಗೆ ನಗರದ ಶ್ರೀ ಬಿ.ದುರ್ಗಾ ದೇವಸ್ಥಾನದಿಂದ ವಾಲ್ಮೀಕಿ ಭಾವಚಿತ್ರದ ಮೆರವಣಿಗೆ ನಡೆಯಲಿದೆ. ಕಾರ್ಯಕ್ರಮದ ಉದ್ಘಾಟನೆಯನ್ನು ಸಚಿವರು ನೆರವೇರಿಸಲಿದ್ದಾರೆ. ಶಾಸಕರು, ಸಂಸದರು ಹಾಗೂ ಜನಪ್ರತಿನಿಧಿಗಳು ಭಾಗವಹಿಸಲಿದ್ದಾರೆ. ಚಿತ್ರದುರ್ಗ: ಜಿಲ್ಲಾಡಳಿತ, ಜಿಲ್ಲಾ ಪಂಚಾಯತ್ ಹಾಗೂ ಸಮಾಜ ಕಲ್ಯಾಣ ಇಲಾಖೆ ಸಂಯುಕ್ತಾಶ್ರಯದಲ್ಲಿ ಮಹರ್ಷಿ ವಾಲ್ಮೀಕಿ ಜಯಂತಿ ಕಾರ್ಯಕ್ರಮವನ್ನು ಅ.28ರಂದು ನಗರದ ತರಾಸು ರಂಗಮಂದಿರದಲ್ಲಿ ಆಯೋಜಿಸಲಾಗಿದೆ. ಬೆಳಿಗ್ಗೆ 9 ಗಂಟೆಗೆ ನಗರದ ಶ್ರೀ ಬಿ.ದುರ್ಗಾ ದೇವಸ್ಥಾನದಿಂದ ವಾಲ್ಮೀಕಿ ಭಾವಚಿತ್ರದ ಮೆರವಣಿಗೆ ನಡೆಯಲಿದೆ. ಕಾರ್ಯಕ್ರಮದ ಉದ್ಘಾಟನೆಯನ್ನು ಸಚಿವರು ನೆರವೇರಿಸಲಿದ್ದಾರೆ. ಶಾಸಕರು, ಸಂಸದರು ಹಾಗೂ ಜನಪ್ರತಿನಿಧಿಗಳು ಭಾಗವಹಿಸಲಿದ್ದಾರೆ. ಚಿತ್ರದುರ್ಗ: ಜಿಲ್ಲಾಡಳಿತ, ಜಿಲ್ಲಾ ಪಂಚಾಯತ್ ಹಾಗೂ ಸಮಾಜ ಕಲ್ಯಾಣ ಇಲಾಖೆ ಸಂಯುಕ್ತಾಶ್ರಯದಲ್ಲಿ ಮಹರ್ಷಿ ವಾಲ್ಮೀಕಿ ಜಯಂತಿ ಕಾರ್ಯಕ್ರಮವನ್ನು ಅ.28ರಂದು ನಗರದ ತರಾಸು ರಂಗಮಂದಿರದಲ್ಲಿ ಆಯೋಜಿಸಲಾಗಿದೆ. ಬೆಳಿಗ್ಗೆ 9 ಗಂಟೆಗೆ ನಗರದ ಶ್ರೀ ಬಿ.ದುರ್ಗಾ ದೇವಸ್ಥಾನದಿಂದ ವಾಲ್ಮೀಕಿ ಭಾವಚಿತ್ರದ ಮೆರವಣಿಗೆ ನಡೆಯಲಿದೆ. ಕಾರ್ಯಕ್ರಮದ ಉದ್ಘಾಟನೆಯನ್ನು ಸಚಿವರು ನೆರವೇರಿಸಲಿದ್ದಾರೆ. ಶಾಸಕರು, ಸಂಸದರು ಹಾಗೂ ಜನಪ್ರತಿನಿಧಿಗಳು ಭಾಗವಹಿಸಲಿದ್ದಾರೆ.
ಮಹರ್ಷಿ ವಾಲ್ಮೀಕಿ
ಚಿತ್ರದುರ್ಗ: ಜಿಲ್ಲಾಡಳಿತ, ಜಿಲ್ಲಾ ಪಂಚಾಯತ್ ಹಾಗೂ ಸಮಾಜ ಕಲ್ಯಾಣ ಇಲಾಖೆ ಸಂಯುಕ್ತಾಶ್ರಯದಲ್ಲಿ ಮಹರ್ಷಿ ವಾಲ್ಮೀಕಿ ಜಯಂತಿ ಕಾರ್ಯಕ್ರಮವನ್ನು ಅ.28ರಂದು ನಗರದ ತರಾಸು ರಂಗಮಂದಿರದಲ್ಲಿ ಆಯೋಜಿಸಲಾಗಿದೆ. ಬೆಳಿಗ್ಗೆ 9 ಗಂಟೆಗೆ ನಗರದ ಶ್ರೀ ಬಿ.ದುರ್ಗಾ ದೇವಸ್ಥಾನದಿಂದ ವಾಲ್ಮೀಕಿ ಭಾವಚಿತ್ರದ ಮೆರವಣಿಗೆ ನಡೆಯಲಿದೆ. ಕಾರ್ಯಕ್ರಮದ ಉದ್ಘಾಟನೆಯನ್ನು ಸಚಿವರು ನೆರವೇರಿಸಲಿದ್ದಾರೆ. ಶಾಸಕರು, ಸಂಸದರು ಹಾಗೂ ಜನಪ್ರತಿನಿಧಿಗಳು ಭಾಗವಹಿಸಲಿದ್ದಾರೆ. ಚಿತ್ರದುರ್ಗ: ಜಿಲ್ಲಾಡಳಿತ, ಜಿಲ್ಲಾ ಪಂಚಾಯತ್ ಹಾಗೂ ಸಮಾಜ ಕಲ್ಯಾಣ ಇಲಾಖೆ ಸಂಯುಕ್ತಾಶ್ರಯದಲ್ಲಿ ಮಹರ್ಷಿ ವಾಲ್ಮೀಕಿ ಜಯಂತಿ ಕಾರ್ಯಕ್ರಮವನ್ನು ಅ.28ರಂದು ನಗರದ ತರಾಸು ರಂಗಮಂದಿರದಲ್ಲಿ ಆಯೋಜಿಸಲಾಗಿದೆ. ಬೆಳಿಗ್ಗೆ 9 ಗಂಟೆಗೆ ನಗರದ ಶ್ರೀ ಬಿ.ದುರ್ಗಾ ದೇವಸ್ಥಾನದಿಂದ ವಾಲ್ಮೀಕಿ ಭಾವಚಿತ್ರದ ಮೆರವಣಿಗೆ ನಡೆಯಲಿದೆ. ಕಾರ್ಯಕ್ರಮದ ಉದ್ಘಾಟನೆಯನ್ನು ಸಚಿವರು ನೆರವೇರಿಸಲಿದ್ದಾರೆ.
ಚಿತ್ರದುರ್ಗ: ಜಿಲ್ಲಾಡಳಿತ, ಜಿಲ್ಲಾ ಪಂಚಾಯತ್ ಹಾಗೂ ಸಮಾಜ ಕಲ್ಯಾಣ ಇಲಾಖೆ ಸಂಯುಕ್ತಾಶ್ರಯದಲ್ಲಿ ಮಹರ್ಷಿ ವಾಲ್ಮೀಕಿ ಜಯಂತಿ ಕಾರ್ಯಕ್ರಮವನ್ನು ಅ.28ರಂದು ನಗರದ ತರಾಸು ರಂಗಮಂದಿರದಲ್ಲಿ ಆಯೋಜಿಸಲಾಗಿದೆ. ಬೆಳಿಗ್ಗೆ 9 ಗಂಟೆಗೆ ನಗರದ ಶ್ರೀ ಬಿ.ದುರ್ಗಾ ದೇವಸ್ಥಾನದಿಂದ ವಾಲ್ಮೀಕಿ ಭಾವಚಿತ್ರದ ಮೆರವಣಿಗೆ ನಡೆಯಲಿದೆ. ಕಾರ್ಯಕ್ರಮದ ಉದ್ಘಾಟನೆಯನ್ನು ಸಚಿವರು ನೆರವೇರಿಸಲಿದ್ದಾರೆ. ಶಾಸಕರು, ಸಂಸದರು ಹಾಗೂ ಜನಪ್ರತಿನಿಧಿಗಳು ಭಾಗವಹಿಸಲಿದ್ದಾರೆ. ಚಿತ್ರದುರ್ಗ: ಜಿಲ್ಲಾಡಳಿತ, ಜಿಲ್ಲಾ ಪಂಚಾಯತ್ ಹಾಗೂ ಸಮಾಜ ಕಲ್ಯಾಣ ಇಲಾಖೆ ಸಂಯುಕ್ತಾಶ್ರಯದಲ್ಲಿ ಮಹರ್ಷಿ ವಾಲ್ಮೀಕಿ ಜಯಂತಿ ಕಾರ್ಯಕ್ರಮವನ್ನು ಅ.28ರಂದು ನಗರದ ತರಾಸು ರಂಗಮಂದಿರದಲ್ಲಿ ಆಯೋಜಿಸಲಾಗಿದೆ. ಬೆಳಿಗ್ಗೆ 9 ಗಂಟೆಗೆ ನಗರದ ಶ್ರೀ ಬಿ.ದುರ್ಗಾ ದೇವಸ್ಥಾನದಿಂದ ವಾಲ್ಮೀಕಿ ಭಾವಚಿತ್ರದ ಮೆರವಣಿಗೆ ನಡೆಯಲಿದೆ. ಕಾರ್ಯಕ್ರಮದ ಉದ್ಘಾಟನೆಯನ್ನು ಸಚಿವರು ನೆರವೇರಿಸಲಿದ್ದಾರೆ. ಶಾಸಕರು, ಸಂಸದರು ಹಾಗೂ ಜನಪ್ರತಿನಿಧಿಗಳು ಭಾಗವಹಿಸಲಿದ್ದಾರೆ. ಚಿತ್ರದುರ್ಗ: ಜಿಲ್ಲಾಡಳಿತ, ಜಿಲ್ಲಾ ಪಂಚಾಯತ್ ಹಾಗೂ ಸಮಾಜ ಕಲ್ಯಾಣ ಇಲಾಖೆ ಸಂಯುಕ್ತಾಶ್ರಯದಲ್ಲಿ ಮಹರ್ಷಿ ವಾಲ್ಮೀಕಿ ಜಯಂತಿ ಕಾರ್ಯಕ್ರಮವನ್ನು ಅ.28ರಂದು ನಗರದ ತರಾಸು ರಂಗಮಂದಿರದಲ್ಲಿ ಆಯೋಜಿಸಲಾಗಿದೆ. ಬೆಳಿಗ್ಗೆ 9 ಗಂಟೆಗೆ ನಗರದ ಶ್ರೀ ಬಿ.ದುರ್ಗಾ ದೇವಸ್ಥಾನದಿಂದ ವಾಲ್ಮೀಕಿ ಭಾವಚಿತ್ರದ ಮೆರವಣಿಗೆ ನಡೆಯಲಿದೆ. ಕಾರ್ಯಕ್ರಮದ ಉದ್ಘಾಟನೆಯನ್ನು ಸಚಿವರು ನೆರವೇರಿಸಲಿದ್ದಾರೆ. ಶಾಸಕರು, ಸಂಸದರು ಹಾಗೂ ಜನಪ್ರತಿನಿಧಿಗಳು ಭಾಗವಹಿಸಲಿದ್ದಾರೆ. ಚಿತ್ರದುರ್ಗ: ಜಿಲ್ಲಾಡಳಿತ, ಜಿಲ್ಲಾ ಪಂಚಾಯತ್ ಹಾಗೂ ಸಮಾಜ ಕಲ್ಯಾಣ ಇಲಾಖೆ ಸಂಯುಕ್ತಾಶ್ರಯದಲ್ಲಿ ಮಹರ್ಷಿ ವಾಲ್ಮೀಕಿ ಜಯಂತಿ ಕಾರ್ಯಕ್ರಮವನ್ನು ಅ.28ರಂದು ನಗರದ ತರಾಸು ರಂಗಮಂದಿರದಲ್ಲಿ ಆಯೋಜಿಸಲಾಗಿದೆ. ಬೆಳಿಗ್ಗೆ 9 ಗಂಟೆಗೆ ನಗರದ ಶ್ರೀ ಬಿ.ದುರ್ಗಾ ದೇವಸ್ಥಾನದಿಂದ ವಾಲ್ಮೀಕಿ ಭಾವಚಿತ್ರದ ಮೆರವಣಿಗೆ ನಡೆಯಲಿದೆ. ಕಾರ್ಯಕ್ರಮದ ಉದ್ಘಾಟನೆಯನ್ನು ಸಚಿವರು ನೆರವೇರಿಸಲಿದ್ದಾರೆ. ಶಾಸಕರು, ಸಂಸದರು ಹಾಗೂ ಜನಪ್ರತಿನಿಧಿಗಳು ಭಾಗವಹಿಸಲಿದ್ದಾರೆ.
ವಿಶ್ವ ವಿಖ್ಯಾತ ಮೈಸೂರು ದಸರಾಗೆ ಜಾವೇದ್ಹತ ಮದವ ಸ್ತಬ್ಧ ಚಿತ್ರ,
ಜಲ್ಲಾಡಳಿತ, ಉನ್ನತ ಶಿಕ್ಷಣ ಸಚಿವರಿಗೆ ಕಾಂಗ್ರೆಸ್ ಮುಖಂಡ ರಘುಲಾಲ್ಪ ರಿಂದ ಅಭಿನಂದನೆ
ಆಲಂಕಾರ : ಎ.ಆರ್ (2023)
ಚಿತ್ರದುರ್ಗ: ಇದೇ ತಿಂಗಳ 23ರಂದು ಮುಕ್ತಾಯಗೊಂಡ ವಿಶ್ವ ವಿಖ್ಯಾತ ಮೈಸೂರು ದಸರಾ ಮಹೋತ್ಸವದಲ್ಲಿ ಜಿಲ್ಲೆಯಿಂದ ಭಾಗವಹಿಸಿದ್ದ ಸ್ತಬ್ಧ ಚಿತ್ರಕ್ಕೆ ಪ್ರಶಸ್ತಿ ಲಭಿಸಿದೆ. ಈ ಹಿನ್ನೆಲೆಯಲ್ಲಿ ಜಿಲ್ಲಾಡಳಿತ ಹಾಗೂ ಉನ್ನತ ಶಿಕ್ಷಣ ಸಚಿವರಿಗೆ ಕಾಂಗ್ರೆಸ್ ಮುಖಂಡರು ಅಭಿನಂದನೆ ಸಲ್ಲಿಸಿದ್ದಾರೆ. ಜಿಲ್ಲೆಯ ಇತಿಹಾಸ, ಸಂಸ್ಕೃತಿ ಹಾಗೂ ಪರಂಪರೆಯನ್ನು ಬಿಂಬಿಸುವ ಸ್ತಬ್ಧ ಚಿತ್ರವು ಜನಮನ ಸೆಳೆಯಿತು. ಕೋಟೆ, ಒನಕೆ ಓಬವ್ವ ಹಾಗೂ ಜಿಲ್ಲೆಯ ಪ್ರಮುಖ ಪ್ರವಾಸಿ ತಾಣಗಳನ್ನು ಅದ್ಭುತವಾಗಿ ಚಿತ್ರಿಸಲಾಗಿತ್ತು. ಚಿತ್ರದುರ್ಗ: ಇದೇ ತಿಂಗಳ 23ರಂದು ಮುಕ್ತಾಯಗೊಂಡ ವಿಶ್ವ ವಿಖ್ಯಾತ ಮೈಸೂರು ದಸರಾ ಮಹೋತ್ಸವದಲ್ಲಿ ಜಿಲ್ಲೆಯಿಂದ ಭಾಗವಹಿಸಿದ್ದ ಸ್ತಬ್ಧ ಚಿತ್ರಕ್ಕೆ ಪ್ರಶಸ್ತಿ ಲಭಿಸಿದೆ. ಈ ಹಿನ್ನೆಲೆಯಲ್ಲಿ ಜಿಲ್ಲಾಡಳಿತ ಹಾಗೂ ಉನ್ನತ ಶಿಕ್ಷಣ ಸಚಿವರಿಗೆ ಕಾಂಗ್ರೆಸ್ ಮುಖಂಡರು ಅಭಿನಂದನೆ ಸಲ್ಲಿಸಿದ್ದಾರೆ. ಜಿಲ್ಲೆಯ ಇತಿಹಾಸ, ಸಂಸ್ಕೃತಿ ಹಾಗೂ ಪರಂಪರೆಯನ್ನು ಬಿಂಬಿಸುವ ಸ್ತಬ್ಧ ಚಿತ್ರವು ಜನಮನ ಸೆಳೆಯಿತು. ಕೋಟೆ, ಒನಕೆ ಓಬವ್ವ ಹಾಗೂ ಜಿಲ್ಲೆಯ ಪ್ರಮುಖ ಪ್ರವಾಸಿ ತಾಣಗಳನ್ನು ಅದ್ಭುತವಾಗಿ ಚಿತ್ರಿಸಲಾಗಿತ್ತು. ಚಿತ್ರದುರ್ಗ: ಇದೇ ತಿಂಗಳ 23ರಂದು ಮುಕ್ತಾಯಗೊಂಡ ವಿಶ್ವ ವಿಖ್ಯಾತ ಮೈಸೂರು ದಸರಾ ಮಹೋತ್ಸವದಲ್ಲಿ ಜಿಲ್ಲೆಯಿಂದ ಭಾಗವಹಿಸಿದ್ದ ಸ್ತಬ್ಧ ಚಿತ್ರಕ್ಕೆ ಪ್ರಶಸ್ತಿ ಲಭಿಸಿದೆ. ಈ ಹಿನ್ನೆಲೆಯಲ್ಲಿ ಜಿಲ್ಲಾಡಳಿತ ಹಾಗೂ ಉನ್ನತ ಶಿಕ್ಷಣ ಸಚಿವರಿಗೆ ಕಾಂಗ್ರೆಸ್ ಮುಖಂಡರು ಅಭಿನಂದನೆ ಸಲ್ಲಿಸಿದ್ದಾರೆ. ಜಿಲ್ಲೆಯ ಇತಿಹಾಸ, ಸಂಸ್ಕೃತಿ ಹಾಗೂ ಪರಂಪರೆಯನ್ನು ಬಿಂಬಿಸುವ ಸ್ತಬ್ಧ ಚಿತ್ರವು ಜನಮನ ಸೆಳೆಯಿತು. ಕೋಟೆ, ಒನಕೆ ಓಬವ್ವ ಹಾಗೂ ಜಿಲ್ಲೆಯ ಪ್ರಮುಖ ಪ್ರವಾಸಿ ತಾಣಗಳನ್ನು ಅದ್ಭುತವಾಗಿ ಚಿತ್ರಿಸಲಾಗಿತ್ತು. ಚಿತ್ರದುರ್ಗ: ಇದೇ ತಿಂಗಳ 23ರಂದು ಮುಕ್ತಾಯಗೊಂಡ ವಿಶ್ವ ವಿಖ್ಯಾತ ಮೈಸೂರು ದಸರಾ ಮಹೋತ್ಸವದಲ್ಲಿ ಜಿಲ್ಲೆಯಿಂದ ಭಾಗವಹಿಸಿದ್ದ ಸ್ತಬ್ಧ ಚಿತ್ರಕ್ಕೆ ಪ್ರಶಸ್ತಿ ಲಭಿಸಿದೆ. ಈ ಹಿನ್ನೆಲೆಯಲ್ಲಿ ಜಿಲ್ಲಾಡಳಿತ ಹಾಗೂ ಉನ್ನತ ಶಿಕ್ಷಣ ಸಚಿವರಿಗೆ ಕಾಂಗ್ರೆಸ್ ಮುಖಂಡರು ಅಭಿನಂದನೆ ಸ
ಚಿತ್ರದುರ್ಗ: ಇದೇ ತಿಂಗಳ 23ರಂದು ಮುಕ್ತಾಯಗೊಂಡ ವಿಶ್ವ ವಿಖ್ಯಾತ ಮೈಸೂರು ದಸರಾ ಮಹೋತ್ಸವದಲ್ಲಿ ಜಿಲ್ಲೆಯಿಂದ ಭಾಗವಹಿಸಿದ್ದ ಸ್ತಬ್ಧ ಚಿತ್ರಕ್ಕೆ ಪ್ರಶಸ್ತಿ ಲಭಿಸಿದೆ. ಈ ಹಿನ್ನೆಲೆಯಲ್ಲಿ ಜಿಲ್ಲಾಡಳಿತ ಹಾಗೂ ಉನ್ನತ ಶಿಕ್ಷಣ ಸಚಿವರಿಗೆ ಕಾಂಗ್ರೆಸ್ ಮುಖಂಡರು ಅಭಿನಂದನೆ ಸಲ್ಲಿಸಿದ್ದಾರೆ. ಜಿಲ್ಲೆಯ ಇತಿಹಾಸ, ಸಂಸ್ಕೃತಿ ಹಾಗೂ ಪರಂಪರೆಯನ್ನು ಬಿಂಬಿಸುವ ಸ್ತಬ್ಧ ಚಿತ್ರವು ಜನಮನ ಸೆಳೆಯಿತು. ಕೋಟೆ, ಒನಕೆ ಓಬವ್ವ ಹಾಗೂ ಜಿಲ್ಲೆಯ ಪ್ರಮುಖ ಪ್ರವಾಸಿ ತಾಣಗಳನ್ನು ಅದ್ಭುತವಾಗಿ ಚಿತ್ರಿಸಲಾಗಿತ್ತು. ಚಿತ್ರದುರ್ಗ: ಇದೇ ತಿಂಗಳ 23ರಂದು ಮುಕ್ತಾಯಗೊಂಡ ವಿಶ್ವ ವಿಖ್ಯಾತ ಮೈಸೂರು ದಸರಾ ಮಹೋತ್ಸವದಲ್ಲಿ ಜಿಲ್ಲೆಯಿಂದ ಭಾಗವಹಿಸಿದ್ದ ಸ್ತಬ್ಧ ಚಿತ್ರಕ್ಕೆ ಪ್ರಶಸ್ತಿ ಲಭಿಸಿದೆ. ಈ ಹಿನ್ನೆಲೆಯಲ್ಲಿ ಜಿಲ್ಲಾಡಳಿತ ಹಾಗೂ ಉನ್ನತ ಶಿಕ್ಷಣ ಸಚಿವರಿಗೆ ಕಾಂಗ್ರೆಸ್ ಮುಖಂಡರು ಅಭಿನಂದನೆ ಸಲ್ಲಿಸಿದ್ದಾರೆ. ಜಿಲ್ಲೆಯ ಇತಿಹಾಸ, ಸಂಸ್ಕೃತಿ ಹಾಗೂ ಪರಂಪರೆಯನ್ನು ಬಿಂಬಿಸುವ ಸ್ತಬ್ಧ ಚಿತ್ರವು ಜನಮನ
ಚಿತ್ರದುರ್ಗ: ಇದೇ ತಿಂಗಳ 23ರಂದು ಮುಕ್ತಾಯಗೊಂಡ ವಿಶ್ವ ವಿಖ್ಯಾತ ಮೈಸೂರು ದಸರಾ ಮಹೋತ್ಸವದಲ್ಲಿ ಜಿಲ್ಲೆಯಿಂದ ಭಾಗವಹಿಸಿದ್ದ ಸ್ತಬ್ಧ ಚಿತ್ರಕ್ಕೆ ಪ್ರಶಸ್ತಿ ಲಭಿಸಿದೆ. ಈ ಹಿನ್ನೆಲೆಯಲ್ಲಿ ಜಿಲ್ಲಾಡಳಿತ ಹಾಗೂ ಉನ್ನತ ಶಿಕ್ಷಣ ಸಚಿವರಿಗೆ ಕಾಂಗ್ರೆಸ್ ಮುಖಂಡರು ಅಭಿನಂದನೆ ಸಲ್ಲಿಸಿದ್ದಾರೆ. ಜಿಲ್ಲೆಯ ಇತಿಹಾಸ, ಸಂಸ್ಕೃತಿ ಹಾಗೂ ಪರಂಪರೆಯನ್ನು ಬಿಂಬಿಸುವ ಸ್ತಬ್ಧ ಚಿತ್ರವು ಜನಮನ ಸೆಳೆಯಿತು. ಕೋಟೆ, ಒನಕೆ ಓಬವ್ವ ಹಾಗೂ ಜಿಲ್ಲೆಯ ಪ್ರಮುಖ ಪ್ರವಾಸಿ ತಾಣಗಳನ್ನು ಅದ್ಭುತವಾಗಿ ಚಿತ್ರಿಸಲಾಗಿತ್ತು. ಚಿತ್ರದುರ್ಗ: ಇದೇ ತಿಂಗಳ 23ರಂದು ಮುಕ್ತಾಯಗೊಂಡ ವಿಶ್ವ ವಿಖ್ಯಾತ ಮೈಸೂರು ದಸರಾ ಮಹೋತ್ಸವದಲ್ಲಿ ಜಿಲ್ಲೆಯಿಂದ ಭಾಗವಹಿಸಿದ್ದ ಸ್ತಬ್ಧ ಚಿತ್ರಕ್ಕೆ ಪ್ರಶಸ್ತಿ ಲಭಿಸಿದೆ. ಈ ಹಿನ್ನೆಲೆಯಲ್ಲಿ ಜಿಲ್ಲಾಡಳಿತ ಹಾಗೂ ಉನ್ನತ ಶಿಕ್ಷಣ ಸಚಿವರಿಗೆ ಕಾಂಗ್ರೆಸ್ ಮುಖಂಡರು ಅಭಿನಂದನೆ ಸಲ್ಲಿಸಿದ್ದಾರೆ. ಜಿಲ್ಲೆಯ ಇತಿಹಾಸ, ಸಂಸ್ಕೃತಿ ಹಾಗೂ ಪರಂಪರೆಯನ್ನು ಬಿಂಬಿಸುವ ಸ್ತಬ್ಧ ಚಿತ್ರವು ಜನಮನ
ಚಿತ್ರದುರ್ಗ: ಇದೇ ತಿಂಗಳ 23ರಂದು ಮುಕ್ತಾಯಗೊಂಡ ವಿಶ್ವ ವಿಖ್ಯಾತ ಮೈಸೂರು ದಸರಾ ಮಹೋತ್ಸವದಲ್ಲಿ ಜಿಲ್ಲೆಯಿಂದ ಭಾಗವಹಿಸಿದ್ದ ಸ್ತಬ್ಧ ಚಿತ್ರಕ್ಕೆ ಪ್ರಶಸ್ತಿ ಲಭಿಸಿದೆ. ಈ ಹಿನ್ನೆಲೆಯಲ್ಲಿ ಜಿಲ್ಲಾಡಳಿತ ಹಾಗೂ ಉನ್ನತ ಶಿಕ್ಷಣ ಸಚಿವರಿಗೆ ಕಾಂಗ್ರೆಸ್ ಮುಖಂಡರು ಅಭಿನಂದನೆ ಸಲ್ಲಿಸಿದ್ದಾರೆ. ಜಿಲ್ಲೆಯ ಇತಿಹಾಸ, ಸಂಸ್ಕೃತಿ ಹಾಗೂ ಪರಂಪರೆಯನ್ನು ಬಿಂಬಿಸುವ ಸ್ತಬ್ಧ ಚಿತ್ರವು ಜನಮನ ಸೆಳೆಯಿತು. ಕೋಟೆ, ಒನಕೆ ಓಬವ್ವ ಹಾಗೂ ಜಿಲ್ಲೆಯ ಪ್ರಮುಖ ಪ್ರವಾಸಿ ತಾಣಗಳನ್ನು ಅದ್ಭುತವಾಗಿ ಚಿತ್ರಿಸಲಾಗಿತ್ತು. ಚಿತ್ರದುರ್ಗ: ಇದೇ ತಿಂಗಳ 23ರಂದು ಮುಕ್ತಾಯಗೊಂಡ ವಿಶ್ವ ವಿಖ್ಯಾತ ಮೈಸೂರು ದಸರಾ ಮಹೋತ್ಸವದಲ್ಲಿ ಜಿಲ್ಲೆಯಿಂದ ಭಾಗವಹಿಸಿದ್ದ ಸ್ತಬ್ಧ ಚಿತ್ರಕ್ಕೆ ಪ್ರಶಸ್ತಿ ಲಭಿಸಿದೆ. ಈ ಹಿನ್ನೆಲೆಯಲ್ಲಿ ಜಿಲ್ಲಾಡಳಿತ ಹಾಗೂ ಉನ್ನತ ಶಿಕ್ಷಣ ಸಚಿವರಿಗೆ ಕಾಂಗ್ರೆಸ್ ಮುಖಂಡರು ಅಭಿನಂದನೆ ಸಲ್ಲಿಸಿದ್ದಾರೆ. ಜಿಲ್ಲೆಯ ಇತಿಹಾಸ, ಸಂಸ್ಕೃತಿ ಹಾಗೂ ಪರಂಪರೆಯನ್ನು ಬಿಂಬಿಸುವ ಸ್ತಬ್ಧ ಚಿತ್ರವು ಜನಮನ ಸೆಳೆಯಿತು. ಕೋಟೆ, ಒನಕೆ ಓಬವ್ವ
ಅ.29ಕ್ಕೆ ನಮ್ಮ ಬ್ರಾಹ್ಮಣನಪಟ ದಸರಾ ಉತ್ಸವ
101 ದೇವತೆಗಳಿಗೆ ಮಹಾ ಆರತಿ : ಬೃಹತ್ ಶೋಭಾಯಾತ್ರೆ
ಚಿತ್ರದುರ್ಗ: ನಗರದ ಶ್ರೀ ಕನ್ನಿಕಾ ಪರಮೇಶ್ವರಿ ದೇವಸ್ಥಾನದ ಆವರಣದಲ್ಲಿ ಅ.29ರಂದು ನಮ್ಮ ಬ್ರಾಹ್ಮಣನಪಟ ದಸರಾ ಉತ್ಸವ ಆಯೋಜಿಸಲಾಗಿದೆ. 101 ದೇವತೆಗಳಿಗೆ ಮಹಾ ಆರತಿ ನಡೆಯಲಿದ್ದು, ನಂತರ ನಗರದ ಪ್ರಮುಖ ಬೀದಿಗಳಲ್ಲಿ ಬೃಹತ್ ಶೋಭಾಯಾತ್ರೆ ಸಾಗಲಿದೆ. ಭಕ್ತಾದಿಗಳು ಹೆಚ್ಚಿನ ಸಂಖ್ಯೆಯಲ್ಲಿ ಭಾಗವಹಿಸಿ ಕಾರ್ಯಕ್ರಮವನ್ನು ಯಶಸ್ವಿಗೊಳಿಸಬೇಕು ಎಂದು ಸಮಿತಿ ಮನವಿ ಮಾಡಿದೆ. ಚಿತ್ರದುರ್ಗ: ನಗರದ ಶ್ರೀ ಕನ್ನಿಕಾ ಪರಮೇಶ್ವರಿ ದೇವಸ್ಥಾನದ ಆವರಣದಲ್ಲಿ ಅ.29ರಂದು ನಮ್ಮ ಬ್ರಾಹ್ಮಣನಪಟ ದಸರಾ ಉತ್ಸವ ಆಯೋಜಿಸಲಾಗಿದೆ. 101 ದೇವತೆಗಳಿಗೆ ಮಹಾ ಆರತಿ ನಡೆಯಲಿದ್ದು, ನಂತರ ನಗರದ ಪ್ರಮುಖ ಬೀದಿಗಳಲ್ಲಿ ಬೃಹತ್ ಶೋಭಾಯಾತ್ರೆ ಸಾಗಲಿದೆ. ಭಕ್ತಾದಿಗಳು ಹೆಚ್ಚಿನ ಸಂಖ್ಯೆಯಲ್ಲಿ ಭಾಗವಹಿಸಿ ಕಾರ್ಯಕ್ರಮವನ್ನು ಯಶಸ್ವಿಗೊಳಿಸಬೇಕು ಎಂದು ಸಮಿತಿ ಮನವಿ ಮಾಡಿದೆ. ಚಿತ್ರದುರ್ಗ: ನಗರದ ಶ್ರೀ ಕನ್ನಿಕಾ ಪರಮೇಶ್ವರಿ ದೇವಸ್ಥಾನದ ಆವರಣದಲ್ಲಿ ಅ.29ರಂದು ನಮ್ಮ ಬ್ರಾಹ್ಮಣನಪಟ ದಸರಾ ಉತ್ಸವ ಆಯೋಜಿಸಲಾಗಿದೆ. 101 ದೇವತೆಗಳಿಗೆ ಮಹಾ ಆರತಿ ನಡೆಯಲಿದ್ದು, ನಂತರ ನಗರದ ಪ್ರಮುಖ ಬೀದಿಗಳಲ್ಲಿ ಬೃಹತ್ ಶೋಭಾಯಾತ್ರೆ ಸಾಗಲಿದೆ. ಭಕ್ತಾದಿಗಳು ಹೆಚ್ಚಿನ ಸಂಖ್ಯೆಯಲ್ಲಿ ಭಾಗವಹಿಸಿ ಕಾರ್ಯಕ್ರಮವನ್ನು ಯಶಸ್ವಿಗೊಳಿಸಬೇಕು ಎಂದು ಸಮಿತಿ ಮನವಿ ಮಾಡಿದೆ. ಚಿತ್ರದುರ್ಗ: ನಗರದ ಶ್ರೀ ಕನ್ನಿಕಾ ಪರಮೇಶ್ವರಿ ದೇವಸ್ಥಾನದ ಆವರಣದಲ್ಲಿ ಅ.29ರಂದು ನಮ್ಮ ಬ್ರಾಹ್ಮಣನಪಟ ದಸರಾ ಉತ್ಸವ ಆಯೋಜಿಸಲಾಗಿದೆ. 101 ದೇವತೆಗಳಿಗೆ ಮಹಾ ಆರತಿ ನಡೆಯಲಿದ್ದು, ನಂತರ ನಗರದ ಪ್ರಮುಖ ಬೀದಿಗಳಲ್ಲಿ ಬೃಹತ್ ಶೋಭಾಯಾತ್ರೆ ಸಾಗಲಿದೆ. ಭಕ್ತಾದಿಗಳು ಹೆಚ್ಚಿನ ಸಂಖ್ಯೆಯಲ್ಲಿ ಭಾಗವಹಿಸಿ ಕಾರ್ಯಕ್ರಮವನ್ನು ಯಶಸ್ವಿಗೊಳಿಸಬೇಕು ಎಂದು ಸಮಿತಿ ಮನವಿ ಮಾಡಿದೆ.
ನಮ್ಮ ಬ್ರಾಹ್ಮಣನಪಟ ದಸರಾ ಉತ್ಸವ
ಚಿತ್ರದುರ್ಗ: ನಗರದ ಶ್ರೀ ಕನ್ನಿಕಾ ಪರಮೇಶ್ವರಿ ದೇವಸ್ಥಾನದ ಆವರಣದಲ್ಲಿ ಅ.29ರಂದು ನಮ್ಮ ಬ್ರಾಹ್ಮಣನಪಟ ದಸರಾ ಉತ್ಸವ ಆಯೋಜಿಸಲಾಗಿದೆ. 101 ದೇವತೆಗಳಿಗೆ ಮಹಾ ಆರತಿ ನಡೆಯಲಿದ್ದು, ನಂತರ ನಗರದ ಪ್ರಮುಖ ಬೀದಿಗಳಲ್ಲಿ ಬೃಹತ್ ಶೋಭಾಯಾತ್ರೆ ಸಾಗಲಿದೆ. ಭಕ್ತಾದಿಗಳು ಹೆಚ್ಚಿನ ಸಂಖ್ಯೆಯಲ್ಲಿ ಭಾಗವಹಿಸಿ ಕಾರ್ಯಕ್ರಮವನ್ನು ಯಶಸ್ವಿಗೊಳಿಸಬೇಕು ಎಂದು ಸಮಿತಿ ಮನವಿ ಮಾಡಿದೆ. ಚಿತ್ರದುರ್ಗ: ನಗರದ ಶ್ರೀ ಕನ್ನಿಕಾ ಪರಮೇಶ್ವರಿ ದೇವಸ್ಥಾನದ ಆವರಣದಲ್ಲಿ ಅ.29ರಂದು ನಮ್ಮ ಬ್ರಾಹ್ಮಣನಪಟ ದಸರಾ ಉತ್ಸವ ಆಯೋಜಿಸಲಾಗಿದೆ. 101 ದೇವತೆಗಳಿಗೆ ಮಹಾ ಆರತಿ ನಡೆಯಲಿದ್ದು, ನಂತರ ನಗರದ ಪ್ರಮುಖ ಬೀದಿಗಳಲ್ಲಿ ಬೃಹತ್ ಶೋಭಾಯಾತ್ರೆ ಸಾಗಲಿದೆ. ಭಕ್ತಾದಿಗಳು ಹೆಚ್ಚಿನ ಸಂಖ್ಯೆಯಲ್ಲಿ ಭಾಗವಹಿಸಿ ಕಾರ್ಯಕ್ರಮವನ್ನು ಯಶಸ್ವಿಗೊಳಿಸಬೇಕು ಎಂದು ಸಮಿತಿ ಮನವಿ ಮಾಡಿದೆ. ಚಿತ್ರದುರ್ಗ: ನಗರದ ಶ್ರೀ ಕನ್ನಿಕಾ ಪರಮೇಶ್ವರಿ ದೇವಸ್ಥಾನದ ಆವರಣದಲ್ಲಿ ಅ.29ರಂದು ನಮ್ಮ ಬ್ರಾಹ್ಮಣನಪಟ ದಸರಾ ಉತ್ಸವ ಆಯೋಜಿಸಲಾಗಿದೆ. 101 ದೇವತೆಗಳಿಗೆ ಮಹಾ ಆರತಿ ನಡೆಯಲಿದ್ದು, ನಂತರ ನಗರದ ಪ್ರಮುಖ ಬೀದಿಗಳಲ್ಲಿ ಬೃಹತ್ ಶೋಭಾಯಾತ್ರೆ ಸಾಗಲಿದೆ. ಭಕ್ತಾದಿಗಳು ಹೆಚ್ಚಿನ ಸಂಖ್ಯೆಯಲ್ಲಿ ಭಾಗವಹಿಸಿ ಕಾರ್ಯಕ್ರಮವನ್ನು ಯಶಸ್ವಿಗೊಳಿಸಬೇಕು ಎಂದು ಸಮಿತಿ ಮನವಿ ಮಾಡಿದೆ. ಚಿತ್ರದುರ್ಗ: ನಗರದ ಶ್ರೀ ಕನ್ನಿಕಾ ಪರಮೇಶ್ವರಿ ದೇವಸ್ಥಾನದ ಆವರಣದಲ್ಲಿ ಅ.29ರಂದು ನಮ್ಮ ಬ್ರಾಹ್ಮಣನಪಟ ದಸರಾ ಉತ್ಸವ ಆಯೋಜಿಸಲಾಗಿದೆ. 101 ದೇವತೆಗಳಿಗೆ ಮಹಾ ಆರತಿ ನಡೆಯಲಿದ್ದು, ನಂತರ ನಗರದ ಪ್ರಮುಖ ಬೀದಿಗಳಲ್ಲಿ ಬೃಹತ್ ಶೋಭಾಯಾತ್ರೆ ಸಾಗಲಿದೆ. ಭಕ್ತಾದಿಗಳು ಹೆಚ್ಚಿನ ಸಂಖ್ಯೆಯಲ್ಲಿ ಭಾಗವಹಿಸಿ
ಚಿತ್ರದುರ್ಗ: ನಗರದ ಶ್ರೀ ಕನ್ನಿಕಾ ಪರಮೇಶ್ವರಿ ದೇವಸ್ಥಾನದ ಆವರಣದಲ್ಲಿ ಅ.29ರಂದು ನಮ್ಮ ಬ್ರಾಹ್ಮಣನಪಟ ದಸರಾ ಉತ್ಸವ ಆಯೋಜಿಸಲಾಗಿದೆ. 101 ದೇವತೆಗಳಿಗೆ ಮಹಾ ಆರತಿ ನಡೆಯಲಿದ್ದು, ನಂತರ ನಗರದ ಪ್ರಮುಖ ಬೀದಿಗಳಲ್ಲಿ ಬೃಹತ್ ಶೋಭಾಯಾತ್ರೆ ಸಾಗಲಿದೆ. ಭಕ್ತಾದಿಗಳು ಹೆಚ್ಚಿನ ಸಂಖ್ಯೆಯಲ್ಲಿ ಭಾಗವಹಿಸಿ ಕಾರ್ಯಕ್ರಮವನ್ನು ಯಶಸ್ವಿಗೊಳಿಸಬೇಕು ಎಂದು ಸಮಿತಿ ಮನವಿ ಮಾಡಿದೆ. ಚಿತ್ರದುರ್ಗ: ನಗರದ ಶ್ರೀ ಕನ್ನಿಕಾ ಪರಮೇಶ್ವರಿ ದೇವಸ್ಥಾನದ ಆವರಣದಲ್ಲಿ ಅ.29ರಂದು ನಮ್ಮ ಬ್ರಾಹ್ಮಣನಪಟ ದಸರಾ ಉತ್ಸವ ಆಯೋಜಿಸಲಾಗಿದೆ. 101 ದೇವತೆಗಳಿಗೆ ಮಹಾ ಆರತಿ ನಡೆಯಲಿದ್ದು, ನಂತರ ನಗರದ ಪ್ರಮುಖ ಬೀದಿಗಳಲ್ಲಿ ಬೃಹತ್ ಶೋಭಾಯಾತ್ರೆ ಸಾಗಲಿದೆ. ಭಕ್ತಾದಿಗಳು ಹೆಚ್ಚಿನ ಸಂಖ್ಯೆಯಲ್ಲಿ ಭಾಗವಹಿಸಿ ಕಾರ್ಯಕ್ರಮವನ್ನು ಯಶಸ್ವಿಗೊಳಿಸಬೇಕು ಎಂದು ಸಮಿತಿ ಮನವಿ ಮಾಡಿದೆ. ಚಿತ್ರದುರ್ಗ: ನಗರದ ಶ್ರೀ ಕನ್ನಿಕಾ ಪರಮೇಶ್ವರಿ ದೇವಸ್ಥಾನದ ಆವರಣದಲ್ಲಿ ಅ.29ರಂದು ನಮ್ಮ ಬ್ರಾಹ್ಮಣನಪಟ ದಸರಾ ಉತ್ಸವ ಆಯೋಜಿಸಲಾಗಿದೆ. 101 ದೇವತೆಗಳಿಗೆ ಮಹಾ ಆರತಿ ನಡೆಯಲಿದ್ದು, ನಂತರ ನಗರದ ಪ್ರಮುಖ ಬೀದಿಗಳಲ್ಲಿ ಬೃಹತ್ ಶೋಭಾಯಾತ್ರೆ ಸಾಗಲಿದೆ. ಭಕ್ತಾದಿಗಳು ಹೆಚ್ಚಿನ ಸಂಖ್ಯೆಯಲ್ಲಿ ಭಾಗವಹಿಸಿ ಕಾರ್ಯಕ್ರಮವನ್ನು ಯಶಸ್ವಿಗೊಳಿಸಬೇಕು ಎಂದು ಸಮಿತಿ ಮನವಿ ಮಾಡಿದೆ. ಚಿತ್ರದುರ್ಗ: ನಗರದ ಶ್ರೀ ಕನ್ನಿಕಾ ಪರಮೇಶ್ವರಿ ದೇವಸ್ಥಾನದ ಆವರಣದಲ್ಲಿ ಅ.29ರಂದು ನಮ್ಮ ಬ್ರಾಹ್ಮಣನಪಟ ದಸರಾ ಉತ್ಸವ ಆಯೋಜಿಸಲಾಗಿದೆ. 101 ದೇವತೆಗಳಿಗೆ ಮಹಾ ಆರತಿ ನಡೆಯಲಿದ್ದು, ನಂತರ ನಗರದ ಪ್ರಮುಖ ಬೀದಿಗಳಲ್ಲಿ ಬೃಹತ್ ಶೋಭಾಯಾತ್ರೆ ಸಾಗಲಿದೆ. ಭಕ್ತಾದಿಗಳು ಹೆಚ್ಚಿನ ಸಂಖ್ಯೆಯಲ್ಲಿ ಭಾಗವಹಿಸಿ ಕಾರ್ಯಕ್ರಮವನ್ನು ಯಶಸ್ವಿಗೊಳಿಸಬೇಕು ಎಂದು ಸಮಿತಿ ಮನವಿ ಮಾಡಿದೆ.
ಮತದಾರರ ಪಟ್ಟಿ ಪರಿಷ್ಕರಣೆ: ಇಂದಿನಿಂದ ವಿಶೇಷ ಅಭಿಯಾನ: ಎಡಿಸಿ ಶ್ರೀನಿವಾಸ
ಚಿತ್ರದುರ್ಗ: ಭಾರತ ಚುನಾವಣಾ ಆಯೋಗದ ನಿರ್ದೇಶನದಂತೆ ಜಿಲ್ಲೆಯಲ್ಲಿ ಅಕ್ಟೋಬರ್ 27 ರಿಂದ ಡಿಸೆಂಬರ್ 9 ರವರೆಗೆ ಮತದಾರರ ಪಟ್ಟಿ ವಿಶೇಷ ಸಂಕ್ಷಿಪ್ತ ಪರಿಷ್ಕರಣೆ ಅಭಿಯಾನ ನಡೆಯಲಿದೆ ಎಂದು ಅಪರ ಜಿಲ್ಲಾಧಿಕಾರಿ ತಿಳಿಸಿದರು. ಜಿಲ್ಲೆಯಲ್ಲಿ 1739 ಮತಗಟ್ಟೆಗಳಿದ್ದು 15,69,289 ಮತದಾರರಿದ್ದಾರೆ. 18 ವರ್ಷ ತುಂಬಿದ ಯುವಕರು ಮತದಾರರ ಪಟ್ಟಿಗೆ ಹೆಸರು ಸೇರ್ಪಡೆ ಮಾಡಿಕೊಳ್ಳಬೇಕು. ಹೆಸರು ತಿದ್ದುಪಡಿ, ವಿಳಾಸ ಬದಲಾವಣೆ ಹಾಗೂ ಹೆಸರು ತೆಗೆದು ಹಾಕಲು ಅರ್ಜಿ ಸಲ್ಲಿಸಬಹುದು. ಚಿತ್ರದುರ್ಗ: ಭಾರತ ಚುನಾವಣಾ ಆಯೋಗದ ನಿರ್ದೇಶನದಂತೆ ಜಿಲ್ಲೆಯಲ್ಲಿ ಅಕ್ಟೋಬರ್ 27 ರಿಂದ ಡಿಸೆಂಬರ್ 9 ರವರೆಗೆ ಮತದಾರರ ಪಟ್ಟಿ ವಿಶೇಷ ಸಂಕ್ಷಿಪ್ತ ಪರಿಷ್ಕರಣೆ ಅಭಿಯಾನ ನಡೆಯಲಿದೆ ಎಂದು ಅಪರ ಜಿಲ್ಲಾಧಿಕಾರಿ ತಿಳಿಸಿದರು. ಜಿಲ್ಲೆಯಲ್ಲಿ 1739 ಮತಗಟ್ಟೆಗಳಿದ್ದು 15,69,289 ಮತದಾರರಿದ್ದಾರೆ. 18 ವರ್ಷ ತುಂಬಿದ ಯುವಕರು ಮತದಾರರ ಪಟ್ಟಿಗೆ ಹೆಸರು ಸೇರ್ಪಡೆ ಮಾಡಿಕೊಳ್ಳಬೇಕು. ಹೆಸರು ತಿದ್ದುಪಡಿ, ವಿಳಾಸ ಬದಲಾವಣೆ ಹಾಗೂ ಹೆಸರು ತೆಗೆದು ಹಾಕಲು ಅರ್ಜಿ ಸಲ್ಲಿಸಬಹುದು. ಚಿತ್ರದುರ್ಗ: ಭಾರತ ಚುನಾವಣಾ ಆಯೋಗದ ನಿರ್ದೇಶನದಂತೆ ಜಿಲ್ಲೆಯಲ್ಲಿ ಅಕ್ಟೋಬರ್ 27 ರಿಂದ ಡಿಸೆಂಬರ್ 9 ರವರೆಗೆ ಮತದಾರರ ಪಟ್ಟಿ ವಿಶೇಷ ಸಂಕ್ಷಿಪ್ತ ಪರಿಷ್ಕರಣೆ ಅಭಿಯಾನ ನಡೆಯಲಿದೆ ಎಂದು ಅಪರ ಜಿಲ್ಲಾಧಿಕಾರಿ ತಿಳಿಸಿದರು. ಜಿಲ್ಲೆಯಲ್ಲಿ 1739 ಮತಗಟ್ಟೆಗಳಿದ್ದು 15,69,289 ಮತದಾರರಿದ್ದಾರೆ. 18 ವರ್ಷ ತುಂಬಿದ ಯುವಕರು ಮತದಾರರ ಪಟ್ಟಿಗೆ ಹೆಸರು ಸೇರ್ಪಡೆ ಮಾಡಿಕೊಳ್ಳಬೇಕು. ಹೆಸರು ತಿದ್ದುಪಡಿ, ವಿಳಾಸ ಬದಲಾವಣೆ ಹಾಗೂ ಹೆಸರು ತೆಗೆದು ಹಾಕಲು ಅರ್ಜಿ ಸಲ್ಲಿಸಬಹುದು. ಚಿತ್ರದುರ್ಗ: ಭಾರತ ಚುನಾವಣಾ ಆಯೋಗದ ನಿರ್ದೇಶನದಂತೆ ಜಿಲ್ಲೆಯಲ್ಲಿ ಅಕ್ಟೋಬರ್ 27 ರಿಂದ ಡಿಸೆಂಬರ್ 9 ರವರೆಗೆ ಮತದಾರರ ಪಟ್ಟಿ ವಿಶೇಷ ಸಂಕ್ಷಿಪ್ತ ಪರಿಷ್ಕರಣೆ ಅಭಿಯಾನ ನಡೆಯಲಿದೆ ಎಂದು ಅಪರ ಜಿಲ್ಲಾಧಿಕಾರಿ ತಿಳಿಸಿದರು. ಜಿಲ್ಲೆಯಲ್ಲಿ 1739 ಮತಗಟ್ಟೆಗಳಿದ್ದು 15,69,289 ಮತದಾರರಿದ್ದಾರೆ. 18 ವರ್ಷ ತುಂಬಿದ ಯುವಕರು ಮತದಾರರ ಪಟ್ಟಿಗೆ ಹೆಸರು ಸೇರ್ಪಡೆ ಮಾಡಿಕೊಳ್ಳಬೇಕು. ಹೆಸರು ತಿದ್ದುಪಡಿ, ವಿಳಾಸ ಬದಲಾವಣೆ ಹಾಗೂ ಹೆಸರು ತೆಗೆದು ಹಾಕಲು ಅರ್ಜಿ ಸಲ್ಲಿಸಬಹುದು.
ಚಿತ್ರದುರ್ಗ: ಭಾರತ ಚುನಾವಣಾ ಆಯೋಗದ ನಿರ್ದೇಶನದಂತೆ ಜಿಲ್ಲೆಯಲ್ಲಿ ಅಕ್ಟೋಬರ್ 27 ರಿಂದ ಡಿಸೆಂಬರ್ 9 ರವರೆಗೆ ಮತದಾರರ ಪಟ್ಟಿ ವಿಶೇಷ ಸಂಕ್ಷಿಪ್ತ ಪರಿಷ್ಕರಣೆ ಅಭಿಯಾನ ನಡೆಯಲಿದೆ ಎಂದು ಅಪರ ಜಿಲ್ಲಾಧಿಕಾರಿ ತಿಳಿಸಿದರು. ಜಿಲ್ಲೆಯಲ್ಲಿ 1739 ಮತಗಟ್ಟೆಗಳಿದ್ದು 15,69,289 ಮತದಾರರಿದ್ದಾರೆ. 18 ವರ್ಷ ತುಂಬಿದ ಯುವಕರು ಮತದಾರರ ಪಟ್ಟಿಗೆ ಹೆಸರು ಸೇರ್ಪಡೆ ಮಾಡಿಕೊಳ್ಳಬೇಕು. ಹೆಸರು ತಿದ್ದುಪಡಿ, ವಿಳಾಸ ಬದಲಾವಣೆ ಹಾಗೂ ಹೆಸರು ತೆಗೆದು ಹಾಕಲು ಅರ್ಜಿ ಸಲ್ಲಿಸಬಹುದು. ಚಿತ್ರದುರ್ಗ: ಭಾರತ ಚುನಾವಣಾ ಆಯೋಗದ ನಿರ್ದೇಶನದಂತೆ ಜಿಲ್ಲೆಯಲ್ಲಿ ಅಕ್ಟೋಬರ್ 27 ರಿಂದ ಡಿಸೆಂಬರ್ 9 ರವರೆಗೆ ಮತದಾರರ ಪಟ್ಟಿ ವಿಶೇಷ ಸಂಕ್ಷಿಪ್ತ ಪರಿಷ್ಕರಣೆ ಅಭಿಯಾನ ನಡೆಯಲಿದೆ ಎಂದು ಅಪರ ಜಿಲ್ಲಾಧಿಕಾರಿ ತಿಳಿಸಿದರು. ಜಿಲ್ಲೆಯಲ್ಲಿ 1739 ಮತಗಟ್ಟೆಗಳಿದ್ದು 15,69,289 ಮತದಾರರಿದ್ದಾರೆ. 18 ವರ್ಷ ತುಂಬಿದ ಯುವಕರು ಮತದಾರರ ಪಟ್ಟಿಗೆ ಹೆಸರು ಸೇರ್ಪಡೆ ಮಾಡಿಕೊಳ್ಳಬೇಕು. ಹೆಸರು ತಿದ್ದುಪಡಿ, ವಿಳಾಸ ಬದಲಾವಣೆ ಹಾಗೂ ಹೆಸರು ತೆಗೆದು ಹಾಕಲು ಅರ್ಜಿ ಸಲ್ಲಿಸಬಹುದು. ಚಿತ್ರದುರ್ಗ: ಭಾರತ ಚುನಾವಣಾ ಆಯೋಗದ ನಿರ್ದೇಶನದಂತೆ ಜಿಲ್ಲೆಯಲ್ಲಿ ಅಕ್ಟೋಬರ್ 27 ರಿಂದ ಡಿಸೆಂಬರ್ 9 ರವರೆಗೆ ಮತದಾರರ ಪಟ್ಟಿ ವಿಶೇಷ ಸಂಕ್ಷಿಪ್ತ ಪರಿಷ್ಕರಣೆ ಅಭಿಯಾನ ನಡೆಯಲಿದೆ ಎಂದು ಅಪರ ಜಿಲ್ಲಾಧಿಕಾರಿ ತಿಳಿಸಿದರು. ಜಿಲ್ಲೆಯಲ್ಲಿ 1739 ಮತಗಟ್ಟೆಗಳಿದ್ದು 15,69,289 ಮತದಾರ
ಚಿತ್ರದುರ್ಗ: ಭಾರತ ಚುನಾವಣಾ ಆಯೋಗದ ನಿರ್ದೇಶನದಂತೆ ಜಿಲ್ಲೆಯಲ್ಲಿ ಅಕ್ಟೋಬರ್ 27 ರಿಂದ ಡಿಸೆಂಬರ್ 9 ರವರೆಗೆ ಮತದಾರರ ಪಟ್ಟಿ ವಿಶೇಷ ಸಂಕ್ಷಿಪ್ತ ಪರಿಷ್ಕರಣೆ ಅಭಿಯಾನ ನಡೆಯಲಿದೆ ಎಂದು ಅಪರ ಜಿಲ್ಲಾಧಿಕಾರಿ ತಿಳಿಸಿದರು. ಜಿಲ್ಲೆಯಲ್ಲಿ 1739 ಮತಗಟ್ಟೆಗಳಿದ್ದು 15,69,289 ಮತದಾರರಿದ್ದಾರೆ. 18 ವರ್ಷ ತುಂಬಿದ ಯುವಕರು ಮತದಾರರ ಪಟ್ಟಿಗೆ ಹೆಸರು ಸೇರ್ಪಡೆ ಮಾಡಿಕೊಳ್ಳಬೇಕು. ಹೆಸರು ತಿದ್ದುಪಡಿ, ವಿಳಾಸ ಬದಲಾವಣೆ ಹಾಗೂ ಹೆಸರು ತೆಗೆದು ಹಾಕಲು ಅರ್ಜಿ ಸಲ್ಲಿಸಬಹುದು. ಚಿತ್ರದುರ್ಗ: ಭಾರತ ಚುನಾವಣಾ ಆಯೋಗದ ನಿರ್ದೇಶನದಂತೆ ಜಿಲ್ಲೆಯಲ್ಲಿ ಅಕ್ಟೋಬರ್ 27 ರಿಂದ ಡಿಸೆಂಬರ್ 9 ರವರೆಗೆ ಮತದಾರರ ಪಟ್ಟಿ ವಿಶೇಷ ಸಂಕ್ಷಿಪ್ತ ಪರಿಷ್ಕರಣೆ ಅಭಿಯಾನ ನಡೆಯಲಿದೆ ಎಂದು ಅಪರ ಜಿಲ್ಲಾಧಿಕಾರಿ ತಿಳಿಸಿದರು. ಜಿಲ್ಲೆಯಲ್ಲಿ 1739 ಮತಗಟ್ಟೆಗಳಿದ್ದು 15,69,289 ಮತದಾರರಿದ್ದಾರೆ. 18 ವರ್ಷ ತುಂಬಿದ ಯುವಕರು ಮತದಾರರ ಪಟ್ಟಿಗೆ ಹೆಸರು ಸೇರ್ಪಡೆ ಮಾಡಿಕೊಳ್ಳಬೇಕು. ಹೆಸರು ತಿದ್ದುಪಡಿ, ವಿಳಾಸ ಬದಲಾವಣೆ ಹಾಗೂ ಹೆಸರು ತೆಗೆದು ಹಾಕಲು ಅರ್ಜಿ ಸಲ್ಲಿಸಬಹುದು. ಚಿತ್ರದುರ್ಗ: ಭಾರತ ಚುನಾವಣಾ ಆಯೋಗದ ನಿರ್ದೇಶನದಂತೆ ಜಿಲ್ಲೆಯಲ್ಲಿ ಅಕ್ಟೋಬರ್ 27 ರಿಂದ ಡಿಸೆಂಬರ್ 9 ರವರೆಗೆ ಮತದಾರರ ಪಟ್ಟಿ ವಿಶೇಷ ಸಂಕ್ಷಿಪ್ತ ಪರಿಷ್ಕರಣೆ ಅಭಿಯಾನ ನಡೆಯಲಿದೆ ಎಂದು ಅಪರ ಜಿಲ್ಲಾಧಿಕಾರಿ ತಿಳಿಸಿದರು. ಜಿಲ್ಲೆಯಲ್ಲಿ 1739 ಮತಗಟ್ಟೆಗಳಿದ್ದು 15,69,289 ಮತ
ಅಶ್ವಾರೂಢ ರಾವುತರಾಯನ ಬಂಡಿ ಉತ್ಸವ
ಹೊಳಲ್ಕೆರೆ: ತಾಲ್ಲೂಕಿನ ಚಿಕ್ಕಜಾಜೂರು ಗ್ರಾಮದಲ್ಲಿ ಅಶ್ವಾರೂಢ ರಾವುತರಾಯನ ಬಂಡಿ ಉತ್ಸವ ಅದ್ದೂರಿಯಾಗಿ ನಡೆಯಿತು. ಗ್ರಾಮದ ಪ್ರಮುಖ ಬೀದಿಗಳಲ್ಲಿ ಬಂಡಿ ಉತ್ಸವ ಸಾಗಿದ್ದು, ಭಕ್ತಾದಿಗಳು ಹಣ್ಣು ಕಾಯಿ ಸಮರ್ಪಿಸಿ ದೇವರ ದರ್ಶನ ಪಡೆದರು. ರಾತ್ರಿ 10 ಗಂಟೆಗೆ ಆರಂಭಗೊಂಡ ಉತ್ಸವ ಬೆಳಿಗ್ಗೆ 3.30 ರವರೆಗೆ ನಡೆಯಿತು. ಸುತ್ತಮುತ್ತಲಿನ ಗ್ರಾಮಗಳಿಂದ ಸಾವಿರಾರು ಭಕ್ತರು ಆಗಮಿಸಿದ್ದರು. ವಿವಿಧ ಜಾನಪದ ಕಲಾತಂಡಗಳು ಉತ್ಸವಕ್ಕೆ ಮೆರುಗು ನೀಡಿದವು. ಹೊಳಲ್ಕೆರೆ: ತಾಲ್ಲೂಕಿನ ಚಿಕ್ಕಜಾಜೂರು ಗ್ರಾಮದಲ್ಲಿ ಅಶ್ವಾರೂಢ ರಾವುತರಾಯನ ಬಂಡಿ ಉತ್ಸವ ಅದ್ದೂರಿಯಾಗಿ ನಡೆಯಿತು. ಗ್ರಾಮದ ಪ್ರಮುಖ ಬೀದಿಗಳಲ್ಲಿ ಬಂಡಿ ಉತ್ಸವ ಸಾಗಿದ್ದು, ಭಕ್ತಾದಿಗಳು ಹಣ್ಣು ಕಾಯಿ ಸಮರ್ಪಿಸಿ ದೇವರ ದರ್ಶನ ಪಡೆದರು. ರಾತ್ರಿ 10 ಗಂಟೆಗೆ ಆರಂಭಗೊಂಡ ಉತ್ಸವ ಬೆಳಿಗ್ಗೆ 3.30 ರವರೆಗೆ ನಡೆಯಿತು. ಸುತ್ತಮುತ್ತಲಿನ ಗ್ರಾಮಗಳಿಂದ ಸಾವಿರಾರು ಭಕ್ತರು ಆಗಮಿಸಿದ್ದರು. ವಿವಿಧ ಜಾನಪದ ಕಲಾತಂಡಗಳು ಉತ್ಸವಕ್ಕೆ ಮೆರುಗು ನೀಡಿದವು. ಹೊಳಲ್ಕೆರೆ: ತಾಲ್ಲೂಕಿನ ಚಿಕ್ಕಜಾಜೂರು ಗ್ರಾಮದಲ್ಲಿ ಅಶ್ವಾರೂಢ ರಾವುತರಾಯನ ಬಂಡಿ ಉತ್ಸವ ಅದ್ದೂರಿಯಾಗಿ ನಡೆಯಿತು. ಗ್ರಾಮದ ಪ್ರಮುಖ ಬೀದಿಗಳಲ್ಲಿ ಬಂಡಿ ಉತ್ಸವ ಸಾಗಿದ್ದು, ಭಕ್ತಾದಿಗಳು ಹಣ್ಣು ಕಾಯಿ ಸಮರ್ಪಿಸಿ ದೇವರ ದರ್ಶನ ಪಡೆದರು. ರಾತ್ರಿ 10 ಗಂಟೆಗೆ ಆರಂಭಗೊಂಡ ಉತ್ಸವ ಬೆಳಿಗ್ಗೆ 3.30 ರವರೆಗೆ ನಡೆಯಿತು. ಸುತ್ತಮುತ್ತಲಿನ ಗ್ರಾಮಗಳಿಂದ ಸಾವಿರಾರು ಭಕ್ತರು ಆಗಮಿಸಿದ್ದರು. ವಿವಿಧ ಜಾನಪದ ಕಲಾತಂಡಗಳು ಉತ್ಸವಕ್ಕೆ ಮೆರುಗು ನೀಡಿದವು. ಹೊಳಲ್ಕೆರೆ: ತಾಲ್ಲೂಕಿನ ಚಿಕ್ಕಜಾಜೂರು ಗ್ರಾಮದಲ್ಲಿ ಅಶ್ವಾರೂಢ ರಾವುತರಾಯನ ಬಂಡಿ ಉತ್ಸವ ಅದ್ದೂರಿಯಾಗಿ ನಡೆಯಿತು. ಗ್ರಾಮದ ಪ್ರಮುಖ ಬೀದಿಗ
ಹೊಳಲ್ಕೆರೆ: ತಾಲ್ಲೂಕಿನ ಚಿಕ್ಕಜಾಜೂರು ಗ್ರಾಮದಲ್ಲಿ ಅಶ್ವಾರೂಢ ರಾವುತರಾಯನ ಬಂಡಿ ಉತ್ಸವ ಅದ್ದೂರಿಯಾಗಿ ನಡೆಯಿತು. ಗ್ರಾಮದ ಪ್ರಮುಖ ಬೀದಿಗಳಲ್ಲಿ ಬಂಡಿ ಉತ್ಸವ ಸಾಗಿದ್ದು, ಭಕ್ತಾದಿಗಳು ಹಣ್ಣು ಕಾಯಿ ಸಮರ್ಪಿಸಿ ದೇವರ ದರ್ಶನ ಪಡೆದರು. ರಾತ್ರಿ 10 ಗಂಟೆಗೆ ಆರಂಭಗೊಂಡ ಉತ್ಸವ ಬೆಳಿಗ್ಗೆ 3.30 ರವರೆಗೆ ನಡೆಯಿತು. ಸುತ್ತಮುತ್ತಲಿನ ಗ್ರಾಮಗಳಿಂದ ಸಾವಿರಾರು ಭಕ್ತರು ಆಗಮಿಸಿದ್ದರು. ವಿವಿಧ ಜಾನಪದ ಕಲಾತಂಡಗಳು ಉತ್ಸವಕ್ಕೆ ಮೆರುಗು ನೀಡಿದವು. ಹೊಳಲ್ಕೆರೆ: ತಾಲ್ಲೂಕಿನ ಚಿಕ್ಕಜಾಜೂರು ಗ್ರಾಮದಲ್ಲಿ ಅಶ್ವಾರೂಢ ರಾವುತರಾಯನ ಬಂಡಿ ಉತ್ಸವ ಅದ್ದೂರಿಯಾಗಿ ನಡೆಯಿತು. ಗ್ರಾಮದ ಪ್ರಮುಖ ಬೀದಿಗಳಲ್ಲಿ ಬಂಡಿ ಉತ್ಸವ ಸಾಗಿದ್ದು, ಭಕ್ತಾದಿಗಳು ಹಣ್ಣು ಕಾಯಿ ಸಮರ್ಪಿಸಿ ದೇವರ ದರ್ಶನ ಪಡೆದರು. ರಾತ್ರಿ 10 ಗಂಟೆಗೆ ಆರಂಭಗೊಂಡ ಉತ್ಸವ ಬೆಳಿಗ್ಗೆ 3.30 ರವರೆಗೆ ನಡೆಯಿತು. ಸುತ್ತಮುತ್ತಲಿನ ಗ್ರಾಮಗಳಿಂದ ಸಾವಿರಾರು ಭಕ್ತರು ಆಗಮಿಸಿದ್ದರು. ವಿವಿಧ ಜಾನಪದ ಕಲಾತಂಡಗಳು ಉತ್ಸವಕ್ಕೆ ಮೆರುಗು ನೀಡಿದವು. ಹೊಳಲ್ಕೆರೆ: ತಾಲ್ಲೂಕಿನ ಚಿಕ್ಕಜಾಜೂರು ಗ್ರಾಮದಲ್ಲಿ ಅಶ್ವಾರೂಢ ರಾವುತರಾಯನ ಬಂಡಿ ಉತ್ಸವ ಅದ್ದೂರಿಯಾಗಿ ನಡೆಯಿತು. ಗ್ರಾಮದ ಪ್ರಮುಖ ಬೀದಿಗಳಲ್ಲಿ ಬಂಡಿ ಉತ್ಸವ ಸಾಗಿದ್ದು, ಭಕ್ತಾದಿಗಳು ಹಣ್ಣು ಕಾಯಿ ಸಮರ್ಪಿಸಿ ದೇವರ ದರ್ಶನ ಪಡೆದರು. ರಾತ್ರಿ 10 ಗಂಟೆಗೆ ಆರಂಭಗೊಂಡ ಉತ್ಸವ ಬೆಳಿಗ್ಗೆ 3.30 ರವರೆಗೆ ನಡೆಯಿತು. ಸುತ್ತಮುತ್ತಲಿನ ಗ್ರಾಮಗಳಿಂದ ಸಾವಿರಾರು ಭಕ್ತರು ಆಗಮಿಸಿದ್ದರು. ವಿವಿಧ ಜಾನಪದ ಕಲಾತಂಡಗಳು ಉತ್ಸವಕ್ಕೆ ಮೆರುಗು ನೀಡಿದವು. ಹೊಳಲ್ಕೆರೆ: ತಾಲ್ಲೂಕಿನ ಚಿಕ್ಕಜಾಜೂರು ಗ್ರಾಮದಲ್ಲಿ ಅಶ್ವಾರೂಢ ರಾವುತರಾಯನ ಬಂಡಿ ಉತ್ಸವ ಅದ್ದೂರಿಯಾಗಿ ನಡೆಯಿತು. ಗ್ರಾಮದ ಪ್ರಮುಖ ಬೀದಿಗ
ಹೊಳಲ್ಕೆರೆ: ತಾಲ್ಲೂಕಿನ ಚಿಕ್ಕಜಾಜೂರು ಗ್ರಾಮದಲ್ಲಿ ಅಶ್ವಾರೂಢ ರಾವುತರಾಯನ ಬಂಡಿ ಉತ್ಸವ ಅದ್ದೂರಿಯಾಗಿ ನಡೆಯಿತು. ಗ್ರಾಮದ ಪ್ರಮುಖ ಬೀದಿಗಳಲ್ಲಿ ಬಂಡಿ ಉತ್ಸವ ಸಾಗಿದ್ದು, ಭಕ್ತಾದಿಗಳು ಹಣ್ಣು ಕಾಯಿ ಸಮರ್ಪಿಸಿ ದೇವರ ದರ್ಶನ ಪಡೆದರು. ರಾತ್ರಿ 10 ಗಂಟೆಗೆ ಆರಂಭಗೊಂಡ ಉತ್ಸವ ಬೆಳಿಗ್ಗೆ 3.30 ರವರೆಗೆ ನಡೆಯಿತು. ಸುತ್ತಮುತ್ತಲಿನ ಗ್ರಾಮಗಳಿಂದ ಸಾವಿರಾರು ಭಕ್ತರು ಆಗಮಿಸಿದ್ದರು. ವಿವಿಧ ಜಾನಪದ ಕಲಾತಂಡಗಳು ಉತ್ಸವಕ್ಕೆ ಮೆರುಗು ನೀಡಿದವು. ಹೊಳಲ್ಕೆರೆ: ತಾಲ್ಲೂಕಿನ ಚಿಕ್ಕಜಾಜೂರು ಗ್ರಾಮದಲ್ಲಿ ಅಶ್ವಾರೂಢ ರಾವುತರಾಯನ ಬಂಡಿ ಉತ್ಸವ ಅದ್ದೂರಿಯಾಗಿ ನಡೆಯಿತು. ಗ್ರಾಮದ ಪ್ರಮುಖ ಬೀದಿಗಳಲ್ಲಿ ಬಂಡಿ ಉತ್ಸವ ಸಾಗಿದ್ದು, ಭಕ್ತಾದಿಗಳು ಹಣ್ಣು ಕಾಯಿ ಸಮರ್ಪಿಸಿ ದೇವರ ದರ್ಶನ ಪಡೆದರು. ರಾತ್ರಿ 10 ಗಂಟೆಗೆ ಆರಂಭಗೊಂಡ ಉತ್ಸವ ಬೆಳಿಗ್ಗೆ 3.30 ರವರೆಗೆ ನಡೆಯಿತು. ಸುತ್ತಮುತ್ತಲಿನ ಗ್ರಾಮಗಳಿಂದ ಸಾವಿರಾರು ಭಕ್ತರು ಆಗಮಿಸಿದ್ದರು. ವಿವಿಧ ಜಾನಪದ ಕಲಾತಂಡಗಳು ಉತ್ಸವಕ್ಕೆ ಮೆರುಗು ನೀಡಿದವು. ಹೊಳಲ್ಕೆರೆ: ತಾಲ್ಲೂಕಿನ ಚಿಕ್ಕಜಾಜೂರು ಗ್ರಾಮದಲ್ಲಿ ಅಶ್ವಾರೂಢ ರಾವುತರಾಯನ ಬಂಡಿ ಉತ್ಸವ ಅದ್ದೂರಿಯಾಗಿ ನಡೆಯಿತು. ಗ್ರಾಮದ ಪ್ರಮುಖ ಬೀದಿಗಳಲ್ಲಿ ಬಂಡಿ ಉತ್ಸವ ಸಾಗಿದ್ದು, ಭಕ್ತಾದಿಗಳು ಹಣ್ಣು ಕಾಯಿ ಸಮರ್ಪಿಸಿ ದೇವರ ದರ್ಶನ ಪಡೆದರು. ರಾತ್ರಿ 10 ಗಂಟೆಗೆ ಆರಂಭಗೊಂಡ ಉತ್ಸವ ಬೆಳಿಗ್ಗೆ 3.30 ರವರೆಗೆ ನಡೆಯಿತು. ಸುತ್ತಮುತ್ತಲಿನ ಗ್ರಾಮಗಳಿಂದ ಸಾವಿರಾರು ಭಕ್ತರು ಆಗಮಿಸಿದ್ದರು. ವಿವಿಧ ಜಾನಪದ ಕಲಾತಂಡಗಳು ಉತ್ಸವಕ್ಕೆ ಮೆರುಗು ನೀಡಿದವು. ಹೊಳಲ್ಕೆರೆ: ತಾಲ್ಲೂಕಿನ ಚಿಕ್ಕಜಾಜೂರು ಗ್ರಾಮದಲ್ಲಿ ಅಶ್ವಾರೂಢ ರಾವುತರಾಯನ ಬಂಡಿ ಉತ್ಸವ ಅದ್ದೂರಿಯಾಗಿ ನಡೆಯಿತು. ಗ್ರಾಮದ ಪ್ರಮುಖ ಬೀದಿಗ
ಹೊಳಲ್ಕೆರೆ: ತಾಲ್ಲೂಕಿನ ಚಿಕ್ಕಜಾಜೂರು ಗ್ರಾಮದಲ್ಲಿ ಅಶ್ವಾರೂಢ ರಾವುತರಾಯನ ಬಂಡಿ ಉತ್ಸವ ಅದ್ದೂರಿಯಾಗಿ ನಡೆಯಿತು. ಗ್ರಾಮದ ಪ್ರಮುಖ ಬೀದಿಗಳಲ್ಲಿ ಬಂಡಿ ಉತ್ಸವ ಸಾಗಿದ್ದು, ಭಕ್ತಾದಿಗಳು ಹಣ್ಣು ಕಾಯಿ ಸಮರ್ಪಿಸಿ ದೇವರ ದರ್ಶನ ಪಡೆದರು. ರಾತ್ರಿ 10 ಗಂಟೆಗೆ ಆರಂಭಗೊಂಡ ಉತ್ಸವ ಬೆಳಿಗ್ಗೆ 3.30 ರವರೆಗೆ ನಡೆಯಿತು. ಸುತ್ತಮುತ್ತಲಿನ ಗ್ರಾಮಗಳಿಂದ ಸಾವಿರಾರು ಭಕ್ತರು ಆಗಮಿಸಿದ್ದರು. ವಿವಿಧ ಜಾನಪದ ಕಲಾತಂಡಗಳು ಉತ್ಸವಕ್ಕೆ ಮೆರುಗು ನೀಡಿದವು. ಹೊಳಲ್ಕೆರೆ: ತಾಲ್ಲೂಕಿನ ಚಿಕ್ಕಜಾಜೂರು ಗ್ರಾಮದಲ್ಲಿ ಅಶ್ವಾರೂಢ ರಾವುತರಾಯನ ಬಂಡಿ ಉತ್ಸವ ಅದ್ದೂರಿಯಾಗಿ ನಡೆಯಿತು. ಗ್ರಾಮದ ಪ್ರಮುಖ ಬೀದಿಗಳಲ್ಲಿ ಬಂಡಿ ಉತ್ಸವ ಸಾಗಿದ್ದು, ಭಕ್ತಾದಿಗಳು ಹಣ್ಣು ಕಾಯಿ ಸಮರ್ಪಿಸಿ ದೇವರ ದರ್ಶನ ಪಡೆದರು. ರಾತ್ರಿ 10 ಗಂಟೆಗೆ ಆರಂಭಗೊಂಡ ಉತ್ಸವ ಬೆಳಿಗ್ಗೆ 3.30 ರವರೆಗೆ ನಡೆಯಿತು. ಸುತ್ತಮುತ್ತಲಿನ ಗ್ರಾಮಗಳಿಂದ ಸಾವಿರಾರು ಭಕ್ತರು ಆಗಮಿಸಿದ್ದರು. ವಿವಿಧ ಜಾನಪದ ಕಲಾತಂಡಗಳು ಉತ್ಸವಕ್ಕೆ ಮೆರುಗು ನೀಡಿದವು. ಹೊಳಲ್ಕೆರೆ: ತಾಲ್ಲೂಕಿನ ಚಿಕ್ಕಜಾಜೂರು ಗ್ರಾಮದಲ್ಲಿ ಅಶ್ವಾರೂಢ ರಾವುತರಾಯನ ಬಂಡಿ ಉತ್ಸವ ಅದ್ದೂರಿಯಾಗಿ ನಡೆಯಿತು. ಗ್ರಾಮದ ಪ್ರಮುಖ ಬೀದಿಗಳಲ್ಲಿ ಬಂಡಿ ಉತ್ಸವ ಸಾಗಿದ್ದು, ಭಕ್ತಾದಿಗಳು ಹಣ್ಣು ಕಾಯಿ ಸಮರ್ಪಿಸಿ ದೇವರ ದರ್ಶನ ಪಡೆದರು. ರಾತ್ರಿ 10 ಗಂಟೆಗೆ ಆರಂಭಗೊಂಡ ಉತ್ಸವ ಬೆಳಿಗ್ಗೆ 3.30 ರವರೆಗೆ ನಡೆಯಿತು. ಸುತ್ತಮುತ್ತಲಿನ ಗ್ರಾಮಗಳಿಂದ ಸಾವಿರಾರು ಭಕ್ತರು ಆಗಮಿಸಿದ್ದರು. ವಿವಿಧ ಜಾನಪದ ಕಲಾತಂಡಗಳು ಉತ್ಸವಕ್ಕೆ ಮೆರುಗು ನೀಡಿದವು. ಹೊಳಲ್ಕೆರೆ: ತಾಲ್ಲೂಕಿನ ಚಿಕ್ಕಜಾಜೂರು ಗ್ರಾಮದಲ್ಲಿ ಅಶ್ವಾರೂಢ ರಾವುತರಾಯ
